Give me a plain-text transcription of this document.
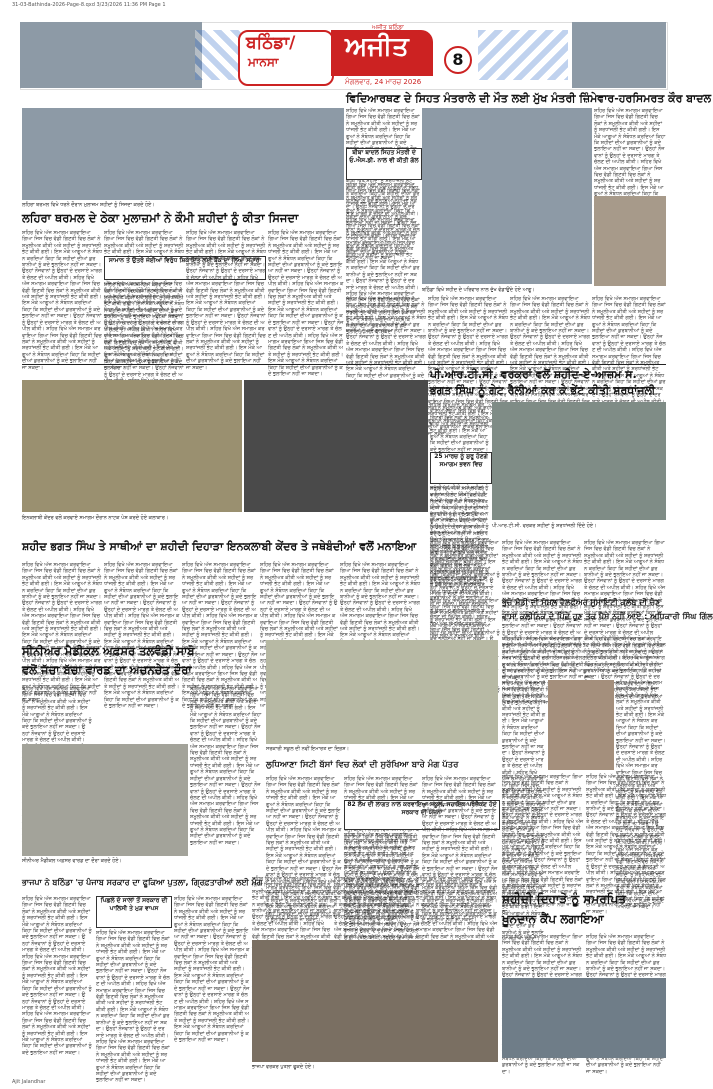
31-03-Bathinda-2026-Page-8.qxd 3/23/2026 11:36 PM Page 1
ਬਠਿੰਡਾ/
ਮਾਨਸਾ
ਅਜੀਤ ਬਠਿੰਡਾ
ਅਜੀਤ
ਮੰਗਲਵਾਰ, 24 ਮਾਰਚ 2026
8
ਵਿਦਿਆਰਥਣ ਦੇ ਸਿਹਤ ਮੰਤਰਾਲੇ ਦੀ ਮੌਤ ਲਈ ਮੁੱਖ ਮੰਤਰੀ ਜ਼ਿੰਮੇਵਾਰ-ਹਰਸਿਮਰਤ ਕੌਰ ਬਾਦਲ
ਲਹਿਰਾ ਥਰਮਲ ਵਿਖੇ ਧਰਨੇ ਦੌਰਾਨ ਮੁਲਾਜ਼ਮ ਸ਼ਹੀਦਾਂ ਨੂੰ ਸਿਜਦਾ ਕਰਦੇ ਹੋਏ।
ਲਹਿਰਾ ਥਰਮਲ ਦੇ ਠੇਕਾ ਮੁਲਾਜ਼ਮਾਂ ਨੇ ਕੌਮੀ ਸ਼ਹੀਦਾਂ ਨੂੰ ਕੀਤਾ ਸਿਜਦਾ
ਸ਼ਹਿਰ ਵਿਖੇ ਅੱਜ ਸਮਾਗਮ ਕਰਵਾਇਆ ਗਿਆ ਜਿਸ ਵਿਚ ਵੱਡੀ ਗਿਣਤੀ ਵਿਚ ਲੋਕਾਂ ਨੇ ਸ਼ਮੂਲੀਅਤ ਕੀਤੀ ਅਤੇ ਸ਼ਹੀਦਾਂ ਨੂੰ ਸ਼ਰਧਾਂਜਲੀ ਭੇਟ ਕੀਤੀ ਗਈ। ਇਸ ਮੌਕੇ ਆਗੂਆਂ ਨੇ ਸੰਬੋਧਨ ਕਰਦਿਆਂ ਕਿਹਾ ਕਿ ਸ਼ਹੀਦਾਂ ਦੀਆਂ ਕੁਰਬਾਨੀਆਂ ਨੂੰ ਕਦੇ ਭੁਲਾਇਆ ਨਹੀਂ ਜਾ ਸਕਦਾ। ਉਨ੍ਹਾਂ ਨੌਜਵਾਨਾਂ ਨੂੰ ਉਨ੍ਹਾਂ ਦੇ ਦਰਸਾਏ ਮਾਰਗ ਤੇ ਚੱਲਣ ਦੀ ਅਪੀਲ ਕੀਤੀ। ਸ਼ਹਿਰ ਵਿਖੇ ਅੱਜ ਸਮਾਗਮ ਕਰਵਾਇਆ ਗਿਆ ਜਿਸ ਵਿਚ ਵੱਡੀ ਗਿਣਤੀ ਵਿਚ ਲੋਕਾਂ ਨੇ ਸ਼ਮੂਲੀਅਤ ਕੀਤੀ ਅਤੇ ਸ਼ਹੀਦਾਂ ਨੂੰ ਸ਼ਰਧਾਂਜਲੀ ਭੇਟ ਕੀਤੀ ਗਈ। ਇਸ ਮੌਕੇ ਆਗੂਆਂ ਨੇ ਸੰਬੋਧਨ ਕਰਦਿਆਂ ਕਿਹਾ ਕਿ ਸ਼ਹੀਦਾਂ ਦੀਆਂ ਕੁਰਬਾਨੀਆਂ ਨੂੰ ਕਦੇ ਭੁਲਾਇਆ ਨਹੀਂ ਜਾ ਸਕਦਾ। ਉਨ੍ਹਾਂ ਨੌਜਵਾਨਾਂ ਨੂੰ ਉਨ੍ਹਾਂ ਦੇ ਦਰਸਾਏ ਮਾਰਗ ਤੇ ਚੱਲਣ ਦੀ ਅਪੀਲ ਕੀਤੀ। ਸ਼ਹਿਰ ਵਿਖੇ ਅੱਜ ਸਮਾਗਮ ਕਰਵਾਇਆ ਗਿਆ ਜਿਸ ਵਿਚ ਵੱਡੀ ਗਿਣਤੀ ਵਿਚ ਲੋਕਾਂ ਨੇ ਸ਼ਮੂਲੀਅਤ ਕੀਤੀ ਅਤੇ ਸ਼ਹੀਦਾਂ ਨੂੰ ਸ਼ਰਧਾਂਜਲੀ ਭੇਟ ਕੀਤੀ ਗਈ। ਇਸ ਮੌਕੇ ਆਗੂਆਂ ਨੇ ਸੰਬੋਧਨ ਕਰਦਿਆਂ ਕਿਹਾ ਕਿ ਸ਼ਹੀਦਾਂ ਦੀਆਂ ਕੁਰਬਾਨੀਆਂ ਨੂੰ ਕਦੇ ਭੁਲਾਇਆ ਨਹੀਂ ਜਾ ਸਕਦਾ।
ਸ਼ਹਿਰ ਵਿਖੇ ਅੱਜ ਸਮਾਗਮ ਕਰਵਾਇਆ ਗਿਆ ਜਿਸ ਵਿਚ ਵੱਡੀ ਗਿਣਤੀ ਵਿਚ ਲੋਕਾਂ ਨੇ ਸ਼ਮੂਲੀਅਤ ਕੀਤੀ ਅਤੇ ਸ਼ਹੀਦਾਂ ਨੂੰ ਸ਼ਰਧਾਂਜਲੀ ਭੇਟ ਕੀਤੀ ਗਈ। ਇਸ ਮੌਕੇ ਆਗੂਆਂ ਨੇ ਸੰਬੋਧਨ ਕਰਦਿਆਂ ਕਿਹਾ ਕਿ ਸ਼ਹੀਦਾਂ ਦੀਆਂ ਕੁਰਬਾਨੀਆਂ ਨੂੰ ਕਦੇ ਭੁਲਾਇਆ ਨਹੀਂ ਜਾ ਸਕਦਾ। ਉਨ੍ਹਾਂ ਨੌਜਵਾਨਾਂ ਨੂੰ ਉਨ੍ਹਾਂ ਦੇ ਦਰਸਾਏ ਮਾਰਗ ਤੇ ਚੱਲਣ ਦੀ ਅਪੀਲ ਕੀਤੀ। ਸ਼ਹਿਰ ਵਿਖੇ ਅੱਜ ਸਮਾਗਮ ਕਰਵਾਇਆ ਗਿਆ ਜਿਸ ਵਿਚ ਵੱਡੀ ਗਿਣਤੀ ਵਿਚ ਲੋਕਾਂ ਨੇ ਸ਼ਮੂਲੀਅਤ ਕੀਤੀ ਅਤੇ ਸ਼ਹੀਦਾਂ ਨੂੰ ਸ਼ਰਧਾਂਜਲੀ ਭੇਟ ਕੀਤੀ ਗਈ। ਇਸ ਮੌਕੇ ਆਗੂਆਂ ਨੇ ਸੰਬੋਧਨ ਕਰਦਿਆਂ ਕਿਹਾ ਕਿ ਸ਼ਹੀਦਾਂ ਦੀਆਂ ਕੁਰਬਾਨੀਆਂ ਨੂੰ ਕਦੇ ਭੁਲਾਇਆ ਨਹੀਂ ਜਾ ਸਕਦਾ। ਉਨ੍ਹਾਂ ਨੌਜਵਾਨਾਂ ਨੂੰ ਉਨ੍ਹਾਂ ਦੇ ਦਰਸਾਏ ਮਾਰਗ ਤੇ ਚੱਲਣ ਦੀ ਅਪੀਲ ਕੀਤੀ। ਸ਼ਹਿਰ ਵਿਖੇ ਅੱਜ ਸਮਾਗਮ ਕਰਵਾਇਆ ਗਿਆ ਜਿਸ ਵਿਚ ਵੱਡੀ ਗਿਣਤੀ ਵਿਚ ਲੋਕਾਂ ਨੇ ਸ਼ਮੂਲੀਅਤ ਕੀਤੀ ਅਤੇ ਸ਼ਹੀਦਾਂ ਨੂੰ ਸ਼ਰਧਾਂਜਲੀ ਭੇਟ ਕੀਤੀ ਗਈ। ਇਸ ਮੌਕੇ ਆਗੂਆਂ ਨੇ ਸੰਬੋਧਨ ਕਰਦਿਆਂ ਕਿਹਾ ਕਿ ਸ਼ਹੀਦਾਂ ਦੀਆਂ ਕੁਰਬਾਨੀਆਂ ਨੂੰ ਕਦੇ ਭੁਲਾਇਆ ਨਹੀਂ ਜਾ ਸਕਦਾ।
ਸਾਮਾਨ ਤੇ ਉਤਰੋ ਜੇਈਆਂ ਵਿਰੁੱਧ ਸ਼ਿਕਾਇਤ ਲਈ ਬੈਂਕ ਦਾ ਲਿਆ ਸਹਾਰਾ
ਸ਼ਹਿਰ ਵਿਖੇ ਅੱਜ ਸਮਾਗਮ ਕਰਵਾਇਆ ਗਿਆ ਜਿਸ ਵਿਚ ਵੱਡੀ ਗਿਣਤੀ ਵਿਚ ਲੋਕਾਂ ਨੇ ਸ਼ਮੂਲੀਅਤ ਕੀਤੀ ਅਤੇ ਸ਼ਹੀਦਾਂ ਨੂੰ ਸ਼ਰਧਾਂਜਲੀ ਭੇਟ ਕੀਤੀ ਗਈ। ਇਸ ਮੌਕੇ ਆਗੂਆਂ ਨੇ ਸੰਬੋਧਨ ਕਰਦਿਆਂ ਕਿਹਾ ਕਿ ਸ਼ਹੀਦਾਂ ਦੀਆਂ ਕੁਰਬਾਨੀਆਂ ਨੂੰ ਕਦੇ ਭੁਲਾਇਆ ਨਹੀਂ ਜਾ ਸਕਦਾ। ਉਨ੍ਹਾਂ ਨੌਜਵਾਨਾਂ ਨੂੰ ਉਨ੍ਹਾਂ ਦੇ ਦਰਸਾਏ ਮਾਰਗ ਤੇ ਚੱਲਣ ਦੀ ਅਪੀਲ ਕੀਤੀ। ਸ਼ਹਿਰ ਵਿਖੇ ਅੱਜ ਸਮਾਗਮ ਕਰਵਾਇਆ ਗਿਆ ਜਿਸ ਵਿਚ ਵੱਡੀ ਗਿਣਤੀ ਵਿਚ ਲੋਕਾਂ ਨੇ ਸ਼ਮੂਲੀਅਤ ਕੀਤੀ ਅਤੇ ਸ਼ਹੀਦਾਂ ਨੂੰ ਸ਼ਰਧਾਂਜਲੀ ਭੇਟ ਕੀਤੀ ਗਈ। ਇਸ ਮੌਕੇ ਆਗੂਆਂ ਨੇ ਸੰਬੋਧਨ ਕਰਦਿਆਂ ਕਿਹਾ ਕਿ ਸ਼ਹੀਦਾਂ ਦੀਆਂ ਕੁਰਬਾਨੀਆਂ ਨੂੰ ਕਦੇ ਭੁਲਾਇਆ ਨਹੀਂ ਜਾ ਸਕਦਾ। ਉਨ੍ਹਾਂ ਨੌਜਵਾਨਾਂ ਨੂੰ ਉਨ੍ਹਾਂ ਦੇ ਦਰਸਾਏ ਮਾਰਗ ਤੇ ਚੱਲਣ ਦੀ ਅਪੀਲ ਕੀਤੀ। ਸ਼ਹਿਰ ਵਿਖੇ ਅੱਜ ਸਮਾਗਮ ਕਰਵਾਇਆ ਗਿਆ ਜਿਸ ਵਿਚ ਵੱਡੀ ਗਿਣਤੀ ਵਿਚ ਲੋਕਾਂ ਨੇ ਸ਼ਮੂਲੀਅਤ ਕੀਤੀ ਅਤੇ ਸ਼ਹੀਦਾਂ ਨੂੰ ਸ਼ਰਧਾਂਜਲੀ ਭੇਟ ਕੀਤੀ ਗਈ। ਇਸ ਮੌਕੇ ਆਗੂਆਂ ਨੇ ਸੰਬੋਧਨ ਕਰਦਿਆਂ ਕਿਹਾ ਕਿ ਸ਼ਹੀਦਾਂ ਦੀਆਂ ਕੁਰਬਾਨੀਆਂ ਨੂੰ ਕਦੇ ਭੁਲਾਇਆ ਨਹੀਂ ਜਾ ਸਕਦਾ।
ਸ਼ਹਿਰ ਵਿਖੇ ਅੱਜ ਸਮਾਗਮ ਕਰਵਾਇਆ ਗਿਆ ਜਿਸ ਵਿਚ ਵੱਡੀ ਗਿਣਤੀ ਵਿਚ ਲੋਕਾਂ ਨੇ ਸ਼ਮੂਲੀਅਤ ਕੀਤੀ ਅਤੇ ਸ਼ਹੀਦਾਂ ਨੂੰ ਸ਼ਰਧਾਂਜਲੀ ਭੇਟ ਕੀਤੀ ਗਈ। ਇਸ ਮੌਕੇ ਆਗੂਆਂ ਨੇ ਸੰਬੋਧਨ ਕਰਦਿਆਂ ਕਿਹਾ ਕਿ ਸ਼ਹੀਦਾਂ ਦੀਆਂ ਕੁਰਬਾਨੀਆਂ ਨੂੰ ਕਦੇ ਭੁਲਾਇਆ ਨਹੀਂ ਜਾ ਸਕਦਾ। ਉਨ੍ਹਾਂ ਨੌਜਵਾਨਾਂ ਨੂੰ ਉਨ੍ਹਾਂ ਦੇ ਦਰਸਾਏ ਮਾਰਗ ਤੇ ਚੱਲਣ ਦੀ ਅਪੀਲ ਕੀਤੀ। ਸ਼ਹਿਰ ਵਿਖੇ ਅੱਜ ਸਮਾਗਮ ਕਰਵਾਇਆ ਗਿਆ ਜਿਸ ਵਿਚ ਵੱਡੀ ਗਿਣਤੀ ਵਿਚ ਲੋਕਾਂ ਨੇ ਸ਼ਮੂਲੀਅਤ ਕੀਤੀ ਅਤੇ ਸ਼ਹੀਦਾਂ ਨੂੰ ਸ਼ਰਧਾਂਜਲੀ ਭੇਟ ਕੀਤੀ ਗਈ। ਇਸ ਮੌਕੇ ਆਗੂਆਂ ਨੇ ਸੰਬੋਧਨ ਕਰਦਿਆਂ ਕਿਹਾ ਕਿ ਸ਼ਹੀਦਾਂ ਦੀਆਂ ਕੁਰਬਾਨੀਆਂ ਨੂੰ ਕਦੇ ਭੁਲਾਇਆ ਨਹੀਂ ਜਾ ਸਕਦਾ। ਉਨ੍ਹਾਂ ਨੌਜਵਾਨਾਂ ਨੂੰ ਉਨ੍ਹਾਂ ਦੇ ਦਰਸਾਏ ਮਾਰਗ ਤੇ ਚੱਲਣ ਦੀ ਅਪੀਲ ਕੀਤੀ। ਸ਼ਹਿਰ ਵਿਖੇ ਅੱਜ ਸਮਾਗਮ ਕਰਵਾਇਆ ਗਿਆ ਜਿਸ ਵਿਚ ਵੱਡੀ ਗਿਣਤੀ ਵਿਚ ਲੋਕਾਂ ਨੇ ਸ਼ਮੂਲੀਅਤ ਕੀਤੀ ਅਤੇ ਸ਼ਹੀਦਾਂ ਨੂੰ ਸ਼ਰਧਾਂਜਲੀ ਭੇਟ ਕੀਤੀ ਗਈ। ਇਸ ਮੌਕੇ ਆਗੂਆਂ ਨੇ ਸੰਬੋਧਨ ਕਰਦਿਆਂ ਕਿਹਾ ਕਿ ਸ਼ਹੀਦਾਂ ਦੀਆਂ ਕੁਰਬਾਨੀਆਂ ਨੂੰ ਕਦੇ ਭੁਲਾਇਆ ਨਹੀਂ ਜਾ ਸਕਦਾ।
ਸ਼ਹਿਰ ਵਿਖੇ ਅੱਜ ਸਮਾਗਮ ਕਰਵਾਇਆ ਗਿਆ ਜਿਸ ਵਿਚ ਵੱਡੀ ਗਿਣਤੀ ਵਿਚ ਲੋਕਾਂ ਨੇ ਸ਼ਮੂਲੀਅਤ ਕੀਤੀ ਅਤੇ ਸ਼ਹੀਦਾਂ ਨੂੰ ਸ਼ਰਧਾਂਜਲੀ ਭੇਟ ਕੀਤੀ ਗਈ। ਇਸ ਮੌਕੇ ਆਗੂਆਂ ਨੇ ਸੰਬੋਧਨ ਕਰਦਿਆਂ ਕਿਹਾ ਕਿ ਸ਼ਹੀਦਾਂ ਦੀਆਂ ਕੁਰਬਾਨੀਆਂ ਨੂੰ ਕਦੇ ਭੁਲਾਇਆ ਨਹੀਂ ਜਾ ਸਕਦਾ। ਉਨ੍ਹਾਂ ਨੌਜਵਾਨਾਂ ਨੂੰ ਉਨ੍ਹਾਂ ਦੇ ਦਰਸਾਏ ਮਾਰਗ ਤੇ ਚੱਲਣ ਦੀ ਅਪੀਲ ਕੀਤੀ। ਸ਼ਹਿਰ ਵਿਖੇ ਅੱਜ ਸਮਾਗਮ ਕਰਵਾਇਆ ਗਿਆ ਜਿਸ ਵਿਚ ਵੱਡੀ ਗਿਣਤੀ ਵਿਚ ਲੋਕਾਂ ਨੇ ਸ਼ਮੂਲੀਅਤ ਕੀਤੀ ਅਤੇ ਸ਼ਹੀਦਾਂ ਨੂੰ ਸ਼ਰਧਾਂਜਲੀ ਭੇਟ ਕੀਤੀ ਗਈ। ਇਸ ਮੌਕੇ ਆਗੂਆਂ ਨੇ ਸੰਬੋਧਨ ਕਰਦਿਆਂ ਕਿਹਾ ਕਿ ਸ਼ਹੀਦਾਂ ਦੀਆਂ ਕੁਰਬਾਨੀਆਂ ਨੂੰ ਕਦੇ ਭੁਲਾਇਆ ਨਹੀਂ ਜਾ ਸਕਦਾ। ਉਨ੍ਹਾਂ ਨੌਜਵਾਨਾਂ ਨੂੰ ਉਨ੍ਹਾਂ ਦੇ ਦਰਸਾਏ ਮਾਰਗ ਤੇ ਚੱਲਣ ਦੀ ਅਪੀਲ ਕੀਤੀ। ਸ਼ਹਿਰ ਵਿਖੇ ਅੱਜ ਸਮਾਗਮ ਕਰਵਾਇਆ ਗਿਆ ਜਿਸ ਵਿਚ ਵੱਡੀ ਗਿਣਤੀ ਵਿਚ ਲੋਕਾਂ ਨੇ ਸ਼ਮੂਲੀਅਤ ਕੀਤੀ ਅਤੇ ਸ਼ਹੀਦਾਂ ਨੂੰ ਸ਼ਰਧਾਂਜਲੀ ਭੇਟ ਕੀਤੀ ਗਈ। ਇਸ ਮੌਕੇ ਆਗੂਆਂ ਨੇ ਸੰਬੋਧਨ ਕਰਦਿਆਂ ਕਿਹਾ ਕਿ ਸ਼ਹੀਦਾਂ ਦੀਆਂ ਕੁਰਬਾਨੀਆਂ ਨੂੰ ਕਦੇ ਭੁਲਾਇਆ ਨਹੀਂ ਜਾ ਸਕਦਾ।
ਸ਼ਹਿਰ ਵਿਖੇ ਅੱਜ ਸਮਾਗਮ ਕਰਵਾਇਆ ਗਿਆ ਜਿਸ ਵਿਚ ਵੱਡੀ ਗਿਣਤੀ ਵਿਚ ਲੋਕਾਂ ਨੇ ਸ਼ਮੂਲੀਅਤ ਕੀਤੀ ਅਤੇ ਸ਼ਹੀਦਾਂ ਨੂੰ ਸ਼ਰਧਾਂਜਲੀ ਭੇਟ ਕੀਤੀ ਗਈ। ਇਸ ਮੌਕੇ ਆਗੂਆਂ ਨੇ ਸੰਬੋਧਨ ਕਰਦਿਆਂ ਕਿਹਾ ਕਿ ਸ਼ਹੀਦਾਂ ਦੀਆਂ ਕੁਰਬਾਨੀਆਂ ਨੂੰ ਕਦੇ ਭੁਲਾਇਆ ਨਹੀਂ ਜਾ ਸਕਦਾ। ਉਨ੍ਹਾਂ ਨੌਜਵਾਨਾਂ ਨੂੰ ਉਨ੍ਹਾਂ ਦੇ ਦਰਸਾਏ ਮਾਰਗ ਤੇ ਚੱਲਣ ਦੀ ਅਪੀਲ ਕੀਤੀ। ਸ਼ਹਿਰ ਵਿਖੇ ਅੱਜ ਸਮਾਗਮ ਕਰਵਾਇਆ ਗਿਆ ਜਿਸ ਵਿਚ ਵੱਡੀ ਗਿਣਤੀ ਵਿਚ ਲੋਕਾਂ ਨੇ ਸ਼ਮੂਲੀਅਤ ਕੀਤੀ ਅਤੇ ਸ਼ਹੀਦਾਂ ਨੂੰ ਸ਼ਰਧਾਂਜਲੀ ਭੇਟ ਕੀਤੀ ਗਈ। ਇਸ ਮੌਕੇ ਆਗੂਆਂ ਨੇ ਸੰਬੋਧਨ ਕਰਦਿਆਂ ਕਿਹਾ ਕਿ ਸ਼ਹੀਦਾਂ ਦੀਆਂ ਕੁਰਬਾਨੀਆਂ ਨੂੰ ਕਦੇ ਭੁਲਾਇਆ ਨਹੀਂ ਜਾ ਸਕਦਾ। ਉਨ੍ਹਾਂ ਨੌਜਵਾਨਾਂ ਨੂੰ ਉਨ੍ਹਾਂ ਦੇ ਦਰਸਾਏ ਮਾਰਗ ਤੇ ਚੱਲਣ ਦੀ ਅਪੀਲ ਕੀਤੀ। ਸ਼ਹਿਰ ਵਿਖੇ ਅੱਜ ਸਮਾਗਮ ਕਰਵਾਇਆ ਗਿਆ ਜਿਸ ਵਿਚ ਵੱਡੀ ਗਿਣਤੀ ਵਿਚ ਲੋਕਾਂ ਨੇ ਸ਼ਮੂਲੀਅਤ ਕੀਤੀ ਅਤੇ ਸ਼ਹੀਦਾਂ ਨੂੰ ਸ਼ਰਧਾਂਜਲੀ ਭੇਟ ਕੀਤੀ ਗਈ। ਇਸ ਮੌਕੇ ਆਗੂਆਂ ਨੇ ਸੰਬੋਧਨ ਕਰਦਿਆਂ ਕਿਹਾ ਕਿ ਸ਼ਹੀਦਾਂ ਦੀਆਂ ਕੁਰਬਾਨੀਆਂ ਨੂੰ ਕਦੇ ਭੁਲਾਇਆ ਨਹੀਂ ਜਾ ਸਕਦਾ।
ਬੀਬਾ ਬਾਦਲ ਸਿਹਤ ਮੰਤਰੀ ਦੇ ਓ.ਐਸ.ਡੀ. ਨਾਲ ਵੀ ਕੀਤੀ ਗੱਲ
ਸ਼ਹਿਰ ਵਿਖੇ ਅੱਜ ਸਮਾਗਮ ਕਰਵਾਇਆ ਗਿਆ ਜਿਸ ਵਿਚ ਵੱਡੀ ਗਿਣਤੀ ਵਿਚ ਲੋਕਾਂ ਨੇ ਸ਼ਮੂਲੀਅਤ ਕੀਤੀ ਅਤੇ ਸ਼ਹੀਦਾਂ ਨੂੰ ਸ਼ਰਧਾਂਜਲੀ ਭੇਟ ਕੀਤੀ ਗਈ। ਇਸ ਮੌਕੇ ਆਗੂਆਂ ਨੇ ਸੰਬੋਧਨ ਕਰਦਿਆਂ ਕਿਹਾ ਕਿ ਸ਼ਹੀਦਾਂ ਦੀਆਂ ਕੁਰਬਾਨੀਆਂ ਨੂੰ ਕਦੇ ਭੁਲਾਇਆ ਨਹੀਂ ਜਾ ਸਕਦਾ। ਉਨ੍ਹਾਂ ਨੌਜਵਾਨਾਂ ਨੂੰ ਉਨ੍ਹਾਂ ਦੇ ਦਰਸਾਏ ਮਾਰਗ ਤੇ ਚੱਲਣ ਦੀ ਅਪੀਲ ਕੀਤੀ। ਸ਼ਹਿਰ ਵਿਖੇ ਅੱਜ ਸਮਾਗਮ ਕਰਵਾਇਆ ਗਿਆ ਜਿਸ ਵਿਚ ਵੱਡੀ ਗਿਣਤੀ ਵਿਚ ਲੋਕਾਂ ਨੇ ਸ਼ਮੂਲੀਅਤ ਕੀਤੀ ਅਤੇ ਸ਼ਹੀਦਾਂ ਨੂੰ ਸ਼ਰਧਾਂਜਲੀ ਭੇਟ ਕੀਤੀ ਗਈ। ਇਸ ਮੌਕੇ ਆਗੂਆਂ ਨੇ ਸੰਬੋਧਨ ਕਰਦਿਆਂ ਕਿਹਾ ਕਿ ਸ਼ਹੀਦਾਂ ਦੀਆਂ ਕੁਰਬਾਨੀਆਂ ਨੂੰ ਕਦੇ ਭੁਲਾਇਆ ਨਹੀਂ ਜਾ ਸਕਦਾ। ਉਨ੍ਹਾਂ ਨੌਜਵਾਨਾਂ ਨੂੰ ਉਨ੍ਹਾਂ ਦੇ ਦਰਸਾਏ ਮਾਰਗ ਤੇ ਚੱਲਣ ਦੀ ਅਪੀਲ ਕੀਤੀ। ਸ਼ਹਿਰ ਵਿਖੇ ਅੱਜ ਸਮਾਗਮ ਕਰਵਾਇਆ ਗਿਆ ਜਿਸ ਵਿਚ ਵੱਡੀ ਗਿਣਤੀ ਵਿਚ ਲੋਕਾਂ ਨੇ ਸ਼ਮੂਲੀਅਤ ਕੀਤੀ ਅਤੇ ਸ਼ਹੀਦਾਂ ਨੂੰ ਸ਼ਰਧਾਂਜਲੀ ਭੇਟ ਕੀਤੀ ਗਈ। ਇਸ ਮੌਕੇ ਆਗੂਆਂ ਨੇ ਸੰਬੋਧਨ ਕਰਦਿਆਂ ਕਿਹਾ ਕਿ ਸ਼ਹੀਦਾਂ ਦੀਆਂ ਕੁਰਬਾਨੀਆਂ ਨੂੰ ਕਦੇ ਭੁਲਾਇਆ ਨਹੀਂ ਜਾ ਸਕਦਾ।
ਬਠਿੰਡਾ ਵਿਖੇ ਸ਼ਹੀਦ ਦੇ ਪਰਿਵਾਰ ਨਾਲ ਦੁੱਖ ਵੰਡਾਉਂਦੇ ਹੋਏ ਆਗੂ।
ਸ਼ਹਿਰ ਵਿਖੇ ਅੱਜ ਸਮਾਗਮ ਕਰਵਾਇਆ ਗਿਆ ਜਿਸ ਵਿਚ ਵੱਡੀ ਗਿਣਤੀ ਵਿਚ ਲੋਕਾਂ ਨੇ ਸ਼ਮੂਲੀਅਤ ਕੀਤੀ ਅਤੇ ਸ਼ਹੀਦਾਂ ਨੂੰ ਸ਼ਰਧਾਂਜਲੀ ਭੇਟ ਕੀਤੀ ਗਈ। ਇਸ ਮੌਕੇ ਆਗੂਆਂ ਨੇ ਸੰਬੋਧਨ ਕਰਦਿਆਂ ਕਿਹਾ ਕਿ ਸ਼ਹੀਦਾਂ ਦੀਆਂ ਕੁਰਬਾਨੀਆਂ ਨੂੰ ਕਦੇ ਭੁਲਾਇਆ ਨਹੀਂ ਜਾ ਸਕਦਾ। ਉਨ੍ਹਾਂ ਨੌਜਵਾਨਾਂ ਨੂੰ ਉਨ੍ਹਾਂ ਦੇ ਦਰਸਾਏ ਮਾਰਗ ਤੇ ਚੱਲਣ ਦੀ ਅਪੀਲ ਕੀਤੀ। ਸ਼ਹਿਰ ਵਿਖੇ ਅੱਜ ਸਮਾਗਮ ਕਰਵਾਇਆ ਗਿਆ ਜਿਸ ਵਿਚ ਵੱਡੀ ਗਿਣਤੀ ਵਿਚ ਲੋਕਾਂ ਨੇ ਸ਼ਮੂਲੀਅਤ ਕੀਤੀ ਅਤੇ ਸ਼ਹੀਦਾਂ ਨੂੰ ਸ਼ਰਧਾਂਜਲੀ ਭੇਟ ਕੀਤੀ ਗਈ। ਇਸ ਮੌਕੇ ਆਗੂਆਂ ਨੇ ਸੰਬੋਧਨ ਕਰਦਿਆਂ ਕਿਹਾ ਕਿ ਸ਼ਹੀਦਾਂ ਦੀਆਂ ਕੁਰਬਾਨੀਆਂ ਨੂੰ ਕਦੇ ਭੁਲਾਇਆ ਨਹੀਂ ਜਾ ਸਕਦਾ। ਉਨ੍ਹਾਂ ਨੌਜਵਾਨਾਂ ਨੂੰ ਉਨ੍ਹਾਂ ਦੇ ਦਰਸਾਏ ਮਾਰਗ ਤੇ ਚੱਲਣ ਦੀ ਅਪੀਲ ਕੀਤੀ। ਸ਼ਹਿਰ ਵਿਖੇ ਅੱਜ ਸਮਾਗਮ ਕਰਵਾਇਆ ਗਿਆ ਜਿਸ ਵਿਚ ਵੱਡੀ ਗਿਣਤੀ ਵਿਚ ਲੋਕਾਂ ਨੇ ਸ਼ਮੂਲੀਅਤ ਕੀਤੀ ਅਤੇ ਸ਼ਹੀਦਾਂ ਨੂੰ ਸ਼ਰਧਾਂਜਲੀ ਭੇਟ ਕੀਤੀ ਗਈ। ਇਸ ਮੌਕੇ ਆਗੂਆਂ ਨੇ ਸੰਬੋਧਨ ਕਰਦਿਆਂ ਕਿਹਾ ਕਿ ਸ਼ਹੀਦਾਂ ਦੀਆਂ ਕੁਰਬਾਨੀਆਂ ਨੂੰ ਕਦੇ ਭੁਲਾਇਆ ਨਹੀਂ ਜਾ ਸਕਦਾ।
ਸ਼ਹਿਰ ਵਿਖੇ ਅੱਜ ਸਮਾਗਮ ਕਰਵਾਇਆ ਗਿਆ ਜਿਸ ਵਿਚ ਵੱਡੀ ਗਿਣਤੀ ਵਿਚ ਲੋਕਾਂ ਨੇ ਸ਼ਮੂਲੀਅਤ ਕੀਤੀ ਅਤੇ ਸ਼ਹੀਦਾਂ ਨੂੰ ਸ਼ਰਧਾਂਜਲੀ ਭੇਟ ਕੀਤੀ ਗਈ। ਇਸ ਮੌਕੇ ਆਗੂਆਂ ਨੇ ਸੰਬੋਧਨ ਕਰਦਿਆਂ ਕਿਹਾ ਕਿ ਸ਼ਹੀਦਾਂ ਦੀਆਂ ਕੁਰਬਾਨੀਆਂ ਨੂੰ ਕਦੇ ਭੁਲਾਇਆ ਨਹੀਂ ਜਾ ਸਕਦਾ। ਉਨ੍ਹਾਂ ਨੌਜਵਾਨਾਂ ਨੂੰ ਉਨ੍ਹਾਂ ਦੇ ਦਰਸਾਏ ਮਾਰਗ ਤੇ ਚੱਲਣ ਦੀ ਅਪੀਲ ਕੀਤੀ। ਸ਼ਹਿਰ ਵਿਖੇ ਅੱਜ ਸਮਾਗਮ ਕਰਵਾਇਆ ਗਿਆ ਜਿਸ ਵਿਚ ਵੱਡੀ ਗਿਣਤੀ ਵਿਚ ਲੋਕਾਂ ਨੇ ਸ਼ਮੂਲੀਅਤ ਕੀਤੀ ਅਤੇ ਸ਼ਹੀਦਾਂ ਨੂੰ ਸ਼ਰਧਾਂਜਲੀ ਭੇਟ ਕੀਤੀ ਗਈ। ਇਸ ਮੌਕੇ ਆਗੂਆਂ ਨੇ ਸੰਬੋਧਨ ਕਰਦਿਆਂ ਕਿਹਾ ਕਿ ਸ਼ਹੀਦਾਂ ਦੀਆਂ ਕੁਰਬਾਨੀਆਂ ਨੂੰ ਕਦੇ ਭੁਲਾਇਆ ਨਹੀਂ ਜਾ ਸਕਦਾ। ਉਨ੍ਹਾਂ ਨੌਜਵਾਨਾਂ ਨੂੰ ਉਨ੍ਹਾਂ ਦੇ ਦਰਸਾਏ ਮਾਰਗ ਤੇ ਚੱਲਣ ਦੀ ਅਪੀਲ ਕੀਤੀ। ਸ਼ਹਿਰ ਵਿਖੇ ਅੱਜ ਸਮਾਗਮ ਕਰਵਾਇਆ ਗਿਆ ਜਿਸ ਵਿਚ ਵੱਡੀ ਗਿਣਤੀ ਵਿਚ ਲੋਕਾਂ ਨੇ ਸ਼ਮੂਲੀਅਤ ਕੀਤੀ ਅਤੇ ਸ਼ਹੀਦਾਂ ਨੂੰ ਸ਼ਰਧਾਂਜਲੀ ਭੇਟ ਕੀਤੀ ਗਈ। ਇਸ ਮੌਕੇ ਆਗੂਆਂ ਨੇ ਸੰਬੋਧਨ ਕਰਦਿਆਂ ਕਿਹਾ ਕਿ ਸ਼ਹੀਦਾਂ ਦੀਆਂ ਕੁਰਬਾਨੀਆਂ ਨੂੰ ਕਦੇ ਭੁਲਾਇਆ ਨਹੀਂ ਜਾ ਸਕਦਾ।
ਸ਼ਹਿਰ ਵਿਖੇ ਅੱਜ ਸਮਾਗਮ ਕਰਵਾਇਆ ਗਿਆ ਜਿਸ ਵਿਚ ਵੱਡੀ ਗਿਣਤੀ ਵਿਚ ਲੋਕਾਂ ਨੇ ਸ਼ਮੂਲੀਅਤ ਕੀਤੀ ਅਤੇ ਸ਼ਹੀਦਾਂ ਨੂੰ ਸ਼ਰਧਾਂਜਲੀ ਭੇਟ ਕੀਤੀ ਗਈ। ਇਸ ਮੌਕੇ ਆਗੂਆਂ ਨੇ ਸੰਬੋਧਨ ਕਰਦਿਆਂ ਕਿਹਾ ਕਿ ਸ਼ਹੀਦਾਂ ਦੀਆਂ ਕੁਰਬਾਨੀਆਂ ਨੂੰ ਕਦੇ ਭੁਲਾਇਆ ਨਹੀਂ ਜਾ ਸਕਦਾ। ਉਨ੍ਹਾਂ ਨੌਜਵਾਨਾਂ ਨੂੰ ਉਨ੍ਹਾਂ ਦੇ ਦਰਸਾਏ ਮਾਰਗ ਤੇ ਚੱਲਣ ਦੀ ਅਪੀਲ ਕੀਤੀ। ਸ਼ਹਿਰ ਵਿਖੇ ਅੱਜ ਸਮਾਗਮ ਕਰਵਾਇਆ ਗਿਆ ਜਿਸ ਵਿਚ ਵੱਡੀ ਗਿਣਤੀ ਵਿਚ ਲੋਕਾਂ ਨੇ ਸ਼ਮੂਲੀਅਤ ਕੀਤੀ ਅਤੇ ਸ਼ਹੀਦਾਂ ਨੂੰ ਸ਼ਰਧਾਂਜਲੀ ਭੇਟ ਕੀਤੀ ਗਈ। ਇਸ ਮੌਕੇ ਆਗੂਆਂ ਨੇ ਸੰਬੋਧਨ ਕਰਦਿਆਂ ਕਿਹਾ ਕਿ ਸ਼ਹੀਦਾਂ ਦੀਆਂ ਕੁਰਬਾਨੀਆਂ ਨੂੰ ਕਦੇ ਭੁਲਾਇਆ ਨਹੀਂ ਜਾ ਸਕਦਾ। ਉਨ੍ਹਾਂ ਨੌਜਵਾਨਾਂ ਨੂੰ ਉਨ੍ਹਾਂ ਦੇ ਦਰਸਾਏ ਮਾਰਗ ਤੇ ਚੱਲਣ ਦੀ ਅਪੀਲ ਕੀਤੀ। ਸ਼ਹਿਰ ਵਿਖੇ ਅੱਜ ਸਮਾਗਮ ਕਰਵਾਇਆ ਗਿਆ ਜਿਸ ਵਿਚ ਵੱਡੀ ਗਿਣਤੀ ਵਿਚ ਲੋਕਾਂ ਨੇ ਸ਼ਮੂਲੀਅਤ ਕੀਤੀ ਅਤੇ ਸ਼ਹੀਦਾਂ ਨੂੰ ਸ਼ਰਧਾਂਜਲੀ ਭੇਟ ਕੀਤੀ ਗਈ। ਇਸ ਮੌਕੇ ਆਗੂਆਂ ਨੇ ਸੰਬੋਧਨ ਕਰਦਿਆਂ ਕਿਹਾ ਕਿ ਸ਼ਹੀਦਾਂ ਦੀਆਂ ਕੁਰਬਾਨੀਆਂ ਨੂੰ ਕਦੇ ਭੁਲਾਇਆ ਨਹੀਂ ਜਾ ਸਕਦਾ।
ਸ਼ਹਿਰ ਵਿਖੇ ਅੱਜ ਸਮਾਗਮ ਕਰਵਾਇਆ ਗਿਆ ਜਿਸ ਵਿਚ ਵੱਡੀ ਗਿਣਤੀ ਵਿਚ ਲੋਕਾਂ ਨੇ ਸ਼ਮੂਲੀਅਤ ਕੀਤੀ ਅਤੇ ਸ਼ਹੀਦਾਂ ਨੂੰ ਸ਼ਰਧਾਂਜਲੀ ਭੇਟ ਕੀਤੀ ਗਈ। ਇਸ ਮੌਕੇ ਆਗੂਆਂ ਨੇ ਸੰਬੋਧਨ ਕਰਦਿਆਂ ਕਿਹਾ ਕਿ ਸ਼ਹੀਦਾਂ ਦੀਆਂ ਕੁਰਬਾਨੀਆਂ ਨੂੰ ਕਦੇ ਭੁਲਾਇਆ ਨਹੀਂ ਜਾ ਸਕਦਾ। ਉਨ੍ਹਾਂ ਨੌਜਵਾਨਾਂ ਨੂੰ ਉਨ੍ਹਾਂ ਦੇ ਦਰਸਾਏ ਮਾਰਗ ਤੇ ਚੱਲਣ ਦੀ ਅਪੀਲ ਕੀਤੀ। ਸ਼ਹਿਰ ਵਿਖੇ ਅੱਜ ਸਮਾਗਮ ਕਰਵਾਇਆ ਗਿਆ ਜਿਸ ਵਿਚ ਵੱਡੀ ਗਿਣਤੀ ਵਿਚ ਲੋਕਾਂ ਨੇ ਸ਼ਮੂਲੀਅਤ ਕੀਤੀ ਅਤੇ ਸ਼ਹੀਦਾਂ ਨੂੰ ਸ਼ਰਧਾਂਜਲੀ ਭੇਟ ਕੀਤੀ ਗਈ। ਇਸ ਮੌਕੇ ਆਗੂਆਂ ਨੇ ਸੰਬੋਧਨ ਕਰਦਿਆਂ ਕਿਹਾ ਕਿ ਸ਼ਹੀਦਾਂ ਦੀਆਂ ਕੁਰਬਾਨੀਆਂ ਨੂੰ ਕਦੇ ਭੁਲਾਇਆ ਨਹੀਂ ਜਾ ਸਕਦਾ। ਉਨ੍ਹਾਂ ਨੌਜਵਾਨਾਂ ਨੂੰ ਉਨ੍ਹਾਂ ਦੇ ਦਰਸਾਏ ਮਾਰਗ ਤੇ ਚੱਲਣ ਦੀ ਅਪੀਲ ਕੀਤੀ। ਸ਼ਹਿਰ ਵਿਖੇ ਅੱਜ ਸਮਾਗਮ ਕਰਵਾਇਆ ਗਿਆ ਜਿਸ ਵਿਚ ਵੱਡੀ ਗਿਣਤੀ ਵਿਚ ਲੋਕਾਂ ਨੇ ਸ਼ਮੂਲੀਅਤ ਕੀਤੀ ਅਤੇ ਸ਼ਹੀਦਾਂ ਨੂੰ ਸ਼ਰਧਾਂਜਲੀ ਭੇਟ ਕੀਤੀ ਗਈ। ਇਸ ਮੌਕੇ ਆਗੂਆਂ ਨੇ ਸੰਬੋਧਨ ਕਰਦਿਆਂ ਕਿਹਾ ਕਿ ਸ਼ਹੀਦਾਂ ਦੀਆਂ ਕੁਰਬਾਨੀਆਂ ਨੂੰ ਕਦੇ ਭੁਲਾਇਆ ਨਹੀਂ ਜਾ ਸਕਦਾ।
ਸ਼ਹਿਰ ਵਿਖੇ ਅੱਜ ਸਮਾਗਮ ਕਰਵਾਇਆ ਗਿਆ ਜਿਸ ਵਿਚ ਵੱਡੀ ਗਿਣਤੀ ਵਿਚ ਲੋਕਾਂ ਨੇ ਸ਼ਮੂਲੀਅਤ ਕੀਤੀ ਅਤੇ ਸ਼ਹੀਦਾਂ ਨੂੰ ਸ਼ਰਧਾਂਜਲੀ ਭੇਟ ਕੀਤੀ ਗਈ। ਇਸ ਮੌਕੇ ਆਗੂਆਂ ਨੇ ਸੰਬੋਧਨ ਕਰਦਿਆਂ ਕਿਹਾ ਕਿ ਸ਼ਹੀਦਾਂ ਦੀਆਂ ਕੁਰਬਾਨੀਆਂ ਨੂੰ ਕਦੇ ਭੁਲਾਇਆ ਨਹੀਂ ਜਾ ਸਕਦਾ। ਉਨ੍ਹਾਂ ਨੌਜਵਾਨਾਂ ਨੂੰ ਉਨ੍ਹਾਂ ਦੇ ਦਰਸਾਏ ਮਾਰਗ ਤੇ ਚੱਲਣ ਦੀ ਅਪੀਲ ਕੀਤੀ। ਸ਼ਹਿਰ ਵਿਖੇ ਅੱਜ ਸਮਾਗਮ ਕਰਵਾਇਆ ਗਿਆ ਜਿਸ ਵਿਚ ਵੱਡੀ ਗਿਣਤੀ ਵਿਚ ਲੋਕਾਂ ਨੇ ਸ਼ਮੂਲੀਅਤ ਕੀਤੀ ਅਤੇ ਸ਼ਹੀਦਾਂ ਨੂੰ ਸ਼ਰਧਾਂਜਲੀ ਭੇਟ ਕੀਤੀ ਗਈ। ਇਸ ਮੌਕੇ ਆਗੂਆਂ ਨੇ ਸੰਬੋਧਨ ਕਰਦਿਆਂ ਕਿਹਾ ਕਿ ਸ਼ਹੀਦਾਂ ਦੀਆਂ ਕੁਰਬਾਨੀਆਂ ਨੂੰ ਕਦੇ ਭੁਲਾਇਆ ਨਹੀਂ ਜਾ ਸਕਦਾ। ਉਨ੍ਹਾਂ ਨੌਜਵਾਨਾਂ ਨੂੰ ਉਨ੍ਹਾਂ ਦੇ ਦਰਸਾਏ ਮਾਰਗ ਤੇ ਚੱਲਣ ਦੀ ਅਪੀਲ ਕੀਤੀ। ਸ਼ਹਿਰ ਵਿਖੇ ਅੱਜ ਸਮਾਗਮ ਕਰਵਾਇਆ ਗਿਆ ਜਿਸ ਵਿਚ ਵੱਡੀ ਗਿਣਤੀ ਵਿਚ ਲੋਕਾਂ ਨੇ ਸ਼ਮੂਲੀਅਤ ਕੀਤੀ ਅਤੇ ਸ਼ਹੀਦਾਂ ਨੂੰ ਸ਼ਰਧਾਂਜਲੀ ਭੇਟ ਕੀਤੀ ਗਈ। ਇਸ ਮੌਕੇ ਆਗੂਆਂ ਨੇ ਸੰਬੋਧਨ ਕਰਦਿਆਂ ਕਿਹਾ ਕਿ ਸ਼ਹੀਦਾਂ ਦੀਆਂ ਕੁਰਬਾਨੀਆਂ ਨੂੰ ਕਦੇ ਭੁਲਾਇਆ ਨਹੀਂ ਜਾ ਸਕਦਾ।
ਪੀ.ਆਰ.ਟੀ.ਸੀ. ਵਰਕਰਾਂ ਵਲੋਂ ਸ਼ਹੀਦ-ਏ-ਆਜ਼ਮ ਸ.
ਭਗਤ ਸਿੰਘ ਨੂੰ ਗੇਟ ਰੈਲੀਆਂ ਕਰ ਕੇ ਭੇਂਟ ਕੀਤੀ ਸ਼ਰਧਾਂਜਲੀ
ਇਨਕਲਾਬੀ ਕੇਂਦਰ ਵਲੋਂ ਕਰਵਾਏ ਸਮਾਗਮ ਦੌਰਾਨ ਨਾਟਕ ਪੇਸ਼ ਕਰਦੇ ਹੋਏ ਕਲਾਕਾਰ।
ਸ਼ਹਿਰ ਵਿਖੇ ਅੱਜ ਸਮਾਗਮ ਕਰਵਾਇਆ ਗਿਆ ਜਿਸ ਵਿਚ ਵੱਡੀ ਗਿਣਤੀ ਵਿਚ ਲੋਕਾਂ ਨੇ ਸ਼ਮੂਲੀਅਤ ਕੀਤੀ ਅਤੇ ਸ਼ਹੀਦਾਂ ਨੂੰ ਸ਼ਰਧਾਂਜਲੀ ਭੇਟ ਕੀਤੀ ਗਈ। ਇਸ ਮੌਕੇ ਆਗੂਆਂ ਨੇ ਸੰਬੋਧਨ ਕਰਦਿਆਂ ਕਿਹਾ ਕਿ ਸ਼ਹੀਦਾਂ ਦੀਆਂ ਕੁਰਬਾਨੀਆਂ ਨੂੰ ਕਦੇ ਭੁਲਾਇਆ ਨਹੀਂ ਜਾ ਸਕਦਾ। ਉਨ੍ਹਾਂ ਨੌਜਵਾਨਾਂ ਨੂੰ ਉਨ੍ਹਾਂ ਦੇ ਦਰਸਾਏ ਮਾਰਗ ਤੇ ਚੱਲਣ ਦੀ ਅਪੀਲ ਕੀਤੀ। ਸ਼ਹਿਰ ਵਿਖੇ ਅੱਜ ਸਮਾਗਮ ਕਰਵਾਇਆ ਗਿਆ ਜਿਸ ਵਿਚ ਵੱਡੀ ਗਿਣਤੀ ਵਿਚ ਲੋਕਾਂ ਨੇ ਸ਼ਮੂਲੀਅਤ ਕੀਤੀ ਅਤੇ ਸ਼ਹੀਦਾਂ ਨੂੰ ਸ਼ਰਧਾਂਜਲੀ ਭੇਟ ਕੀਤੀ ਗਈ। ਇਸ ਮੌਕੇ ਆਗੂਆਂ ਨੇ ਸੰਬੋਧਨ ਕਰਦਿਆਂ ਕਿਹਾ ਕਿ ਸ਼ਹੀਦਾਂ ਦੀਆਂ ਕੁਰਬਾਨੀਆਂ ਨੂੰ ਕਦੇ ਭੁਲਾਇਆ ਨਹੀਂ ਜਾ ਸਕਦਾ। ਉਨ੍ਹਾਂ ਨੌਜਵਾਨਾਂ ਨੂੰ ਉਨ੍ਹਾਂ ਦੇ ਦਰਸਾਏ ਮਾਰਗ ਤੇ ਚੱਲਣ ਦੀ ਅਪੀਲ ਕੀਤੀ। ਸ਼ਹਿਰ ਵਿਖੇ ਅੱਜ ਸਮਾਗਮ ਕਰਵਾਇਆ ਗਿਆ ਜਿਸ ਵਿਚ ਵੱਡੀ ਗਿਣਤੀ ਵਿਚ ਲੋਕਾਂ ਨੇ ਸ਼ਮੂਲੀਅਤ ਕੀਤੀ ਅਤੇ ਸ਼ਹੀਦਾਂ ਨੂੰ ਸ਼ਰਧਾਂਜਲੀ ਭੇਟ ਕੀਤੀ ਗਈ। ਇਸ ਮੌਕੇ ਆਗੂਆਂ ਨੇ ਸੰਬੋਧਨ ਕਰਦਿਆਂ ਕਿਹਾ ਕਿ ਸ਼ਹੀਦਾਂ ਦੀਆਂ ਕੁਰਬਾਨੀਆਂ ਨੂੰ ਕਦੇ ਭੁਲਾਇਆ ਨਹੀਂ ਜਾ ਸਕਦਾ।
25 ਮਾਰਚ ਨੂੰ ਸ਼ੁਰੂ ਹੋਣਗੇ ਸਮਾਗਮ ਭਵਨ ਵਿਚ
ਸ਼ਹਿਰ ਵਿਖੇ ਅੱਜ ਸਮਾਗਮ ਕਰਵਾਇਆ ਗਿਆ ਜਿਸ ਵਿਚ ਵੱਡੀ ਗਿਣਤੀ ਵਿਚ ਲੋਕਾਂ ਨੇ ਸ਼ਮੂਲੀਅਤ ਕੀਤੀ ਅਤੇ ਸ਼ਹੀਦਾਂ ਨੂੰ ਸ਼ਰਧਾਂਜਲੀ ਭੇਟ ਕੀਤੀ ਗਈ। ਇਸ ਮੌਕੇ ਆਗੂਆਂ ਨੇ ਸੰਬੋਧਨ ਕਰਦਿਆਂ ਕਿਹਾ ਕਿ ਸ਼ਹੀਦਾਂ ਦੀਆਂ ਕੁਰਬਾਨੀਆਂ ਨੂੰ ਕਦੇ ਭੁਲਾਇਆ ਨਹੀਂ ਜਾ ਸਕਦਾ। ਉਨ੍ਹਾਂ ਨੌਜਵਾਨਾਂ ਨੂੰ ਉਨ੍ਹਾਂ ਦੇ ਦਰਸਾਏ ਮਾਰਗ ਤੇ ਚੱਲਣ ਦੀ ਅਪੀਲ ਕੀਤੀ। ਸ਼ਹਿਰ ਵਿਖੇ ਅੱਜ ਸਮਾਗਮ ਕਰਵਾਇਆ ਗਿਆ ਜਿਸ ਵਿਚ ਵੱਡੀ ਗਿਣਤੀ ਵਿਚ ਲੋਕਾਂ ਨੇ ਸ਼ਮੂਲੀਅਤ ਕੀਤੀ ਅਤੇ ਸ਼ਹੀਦਾਂ ਨੂੰ ਸ਼ਰਧਾਂਜਲੀ ਭੇਟ ਕੀਤੀ ਗਈ। ਇਸ ਮੌਕੇ ਆਗੂਆਂ ਨੇ ਸੰਬੋਧਨ ਕਰਦਿਆਂ ਕਿਹਾ ਕਿ ਸ਼ਹੀਦਾਂ ਦੀਆਂ ਕੁਰਬਾਨੀਆਂ ਨੂੰ ਕਦੇ ਭੁਲਾਇਆ ਨਹੀਂ ਜਾ ਸਕਦਾ। ਉਨ੍ਹਾਂ ਨੌਜਵਾਨਾਂ ਨੂੰ ਉਨ੍ਹਾਂ ਦੇ ਦਰਸਾਏ ਮਾਰਗ ਤੇ ਚੱਲਣ ਦੀ ਅਪੀਲ ਕੀਤੀ। ਸ਼ਹਿਰ ਵਿਖੇ ਅੱਜ ਸਮਾਗਮ ਕਰਵਾਇਆ ਗਿਆ ਜਿਸ ਵਿਚ ਵੱਡੀ ਗਿਣਤੀ ਵਿਚ ਲੋਕਾਂ ਨੇ ਸ਼ਮੂਲੀਅਤ ਕੀਤੀ ਅਤੇ ਸ਼ਹੀਦਾਂ ਨੂੰ ਸ਼ਰਧਾਂਜਲੀ ਭੇਟ ਕੀਤੀ ਗਈ। ਇਸ ਮੌਕੇ ਆਗੂਆਂ ਨੇ ਸੰਬੋਧਨ ਕਰਦਿਆਂ ਕਿਹਾ ਕਿ ਸ਼ਹੀਦਾਂ ਦੀਆਂ ਕੁਰਬਾਨੀਆਂ ਨੂੰ ਕਦੇ ਭੁਲਾਇਆ ਨਹੀਂ ਜਾ ਸਕਦਾ।
ਪੀ.ਆਰ.ਟੀ.ਸੀ. ਵਰਕਰ ਸ਼ਹੀਦਾਂ ਨੂੰ ਸ਼ਰਧਾਂਜਲੀ ਦਿੰਦੇ ਹੋਏ।
ਸ਼ਹੀਦ ਭਗਤ ਸਿੰਘ ਤੇ ਸਾਥੀਆਂ ਦਾ ਸ਼ਹੀਦੀ ਦਿਹਾੜਾ ਇਨਕਲਾਬੀ ਕੇਂਦਰ ਤੇ ਜਥੇਬੰਦੀਆਂ ਵਲੋਂ ਮਨਾਇਆ
ਸ਼ਹਿਰ ਵਿਖੇ ਅੱਜ ਸਮਾਗਮ ਕਰਵਾਇਆ ਗਿਆ ਜਿਸ ਵਿਚ ਵੱਡੀ ਗਿਣਤੀ ਵਿਚ ਲੋਕਾਂ ਨੇ ਸ਼ਮੂਲੀਅਤ ਕੀਤੀ ਅਤੇ ਸ਼ਹੀਦਾਂ ਨੂੰ ਸ਼ਰਧਾਂਜਲੀ ਭੇਟ ਕੀਤੀ ਗਈ। ਇਸ ਮੌਕੇ ਆਗੂਆਂ ਨੇ ਸੰਬੋਧਨ ਕਰਦਿਆਂ ਕਿਹਾ ਕਿ ਸ਼ਹੀਦਾਂ ਦੀਆਂ ਕੁਰਬਾਨੀਆਂ ਨੂੰ ਕਦੇ ਭੁਲਾਇਆ ਨਹੀਂ ਜਾ ਸਕਦਾ। ਉਨ੍ਹਾਂ ਨੌਜਵਾਨਾਂ ਨੂੰ ਉਨ੍ਹਾਂ ਦੇ ਦਰਸਾਏ ਮਾਰਗ ਤੇ ਚੱਲਣ ਦੀ ਅਪੀਲ ਕੀਤੀ। ਸ਼ਹਿਰ ਵਿਖੇ ਅੱਜ ਸਮਾਗਮ ਕਰਵਾਇਆ ਗਿਆ ਜਿਸ ਵਿਚ ਵੱਡੀ ਗਿਣਤੀ ਵਿਚ ਲੋਕਾਂ ਨੇ ਸ਼ਮੂਲੀਅਤ ਕੀਤੀ ਅਤੇ ਸ਼ਹੀਦਾਂ ਨੂੰ ਸ਼ਰਧਾਂਜਲੀ ਭੇਟ ਕੀਤੀ ਗਈ। ਇਸ ਮੌਕੇ ਆਗੂਆਂ ਨੇ ਸੰਬੋਧਨ ਕਰਦਿਆਂ ਕਿਹਾ ਕਿ ਸ਼ਹੀਦਾਂ ਦੀਆਂ ਕੁਰਬਾਨੀਆਂ ਨੂੰ ਕਦੇ ਭੁਲਾਇਆ ਨਹੀਂ ਜਾ ਸਕਦਾ। ਉਨ੍ਹਾਂ ਨੌਜਵਾਨਾਂ ਨੂੰ ਉਨ੍ਹਾਂ ਦੇ ਦਰਸਾਏ ਮਾਰਗ ਤੇ ਚੱਲਣ ਦੀ ਅਪੀਲ ਕੀਤੀ। ਸ਼ਹਿਰ ਵਿਖੇ ਅੱਜ ਸਮਾਗਮ ਕਰਵਾਇਆ ਗਿਆ ਜਿਸ ਵਿਚ ਵੱਡੀ ਗਿਣਤੀ ਵਿਚ ਲੋਕਾਂ ਨੇ ਸ਼ਮੂਲੀਅਤ ਕੀਤੀ ਅਤੇ ਸ਼ਹੀਦਾਂ ਨੂੰ ਸ਼ਰਧਾਂਜਲੀ ਭੇਟ ਕੀਤੀ ਗਈ। ਇਸ ਮੌਕੇ ਆਗੂਆਂ ਨੇ ਸੰਬੋਧਨ ਕਰਦਿਆਂ ਕਿਹਾ ਕਿ ਸ਼ਹੀਦਾਂ ਦੀਆਂ ਕੁਰਬਾਨੀਆਂ ਨੂੰ ਕਦੇ ਭੁਲਾਇਆ ਨਹੀਂ ਜਾ ਸਕਦਾ।
ਸ਼ਹਿਰ ਵਿਖੇ ਅੱਜ ਸਮਾਗਮ ਕਰਵਾਇਆ ਗਿਆ ਜਿਸ ਵਿਚ ਵੱਡੀ ਗਿਣਤੀ ਵਿਚ ਲੋਕਾਂ ਨੇ ਸ਼ਮੂਲੀਅਤ ਕੀਤੀ ਅਤੇ ਸ਼ਹੀਦਾਂ ਨੂੰ ਸ਼ਰਧਾਂਜਲੀ ਭੇਟ ਕੀਤੀ ਗਈ। ਇਸ ਮੌਕੇ ਆਗੂਆਂ ਨੇ ਸੰਬੋਧਨ ਕਰਦਿਆਂ ਕਿਹਾ ਕਿ ਸ਼ਹੀਦਾਂ ਦੀਆਂ ਕੁਰਬਾਨੀਆਂ ਨੂੰ ਕਦੇ ਭੁਲਾਇਆ ਨਹੀਂ ਜਾ ਸਕਦਾ। ਉਨ੍ਹਾਂ ਨੌਜਵਾਨਾਂ ਨੂੰ ਉਨ੍ਹਾਂ ਦੇ ਦਰਸਾਏ ਮਾਰਗ ਤੇ ਚੱਲਣ ਦੀ ਅਪੀਲ ਕੀਤੀ। ਸ਼ਹਿਰ ਵਿਖੇ ਅੱਜ ਸਮਾਗਮ ਕਰਵਾਇਆ ਗਿਆ ਜਿਸ ਵਿਚ ਵੱਡੀ ਗਿਣਤੀ ਵਿਚ ਲੋਕਾਂ ਨੇ ਸ਼ਮੂਲੀਅਤ ਕੀਤੀ ਅਤੇ ਸ਼ਹੀਦਾਂ ਨੂੰ ਸ਼ਰਧਾਂਜਲੀ ਭੇਟ ਕੀਤੀ ਗਈ। ਇਸ ਮੌਕੇ ਆਗੂਆਂ ਨੇ ਸੰਬੋਧਨ ਕਰਦਿਆਂ ਕਿਹਾ ਕਿ ਸ਼ਹੀਦਾਂ ਦੀਆਂ ਕੁਰਬਾਨੀਆਂ ਨੂੰ ਕਦੇ ਭੁਲਾਇਆ ਨਹੀਂ ਜਾ ਸਕਦਾ। ਉਨ੍ਹਾਂ ਨੌਜਵਾਨਾਂ ਨੂੰ ਉਨ੍ਹਾਂ ਦੇ ਦਰਸਾਏ ਮਾਰਗ ਤੇ ਚੱਲਣ ਦੀ ਅਪੀਲ ਕੀਤੀ। ਸ਼ਹਿਰ ਵਿਖੇ ਅੱਜ ਸਮਾਗਮ ਕਰਵਾਇਆ ਗਿਆ ਜਿਸ ਵਿਚ ਵੱਡੀ ਗਿਣਤੀ ਵਿਚ ਲੋਕਾਂ ਨੇ ਸ਼ਮੂਲੀਅਤ ਕੀਤੀ ਅਤੇ ਸ਼ਹੀਦਾਂ ਨੂੰ ਸ਼ਰਧਾਂਜਲੀ ਭੇਟ ਕੀਤੀ ਗਈ। ਇਸ ਮੌਕੇ ਆਗੂਆਂ ਨੇ ਸੰਬੋਧਨ ਕਰਦਿਆਂ ਕਿਹਾ ਕਿ ਸ਼ਹੀਦਾਂ ਦੀਆਂ ਕੁਰਬਾਨੀਆਂ ਨੂੰ ਕਦੇ ਭੁਲਾਇਆ ਨਹੀਂ ਜਾ ਸਕਦਾ।
ਸ਼ਹਿਰ ਵਿਖੇ ਅੱਜ ਸਮਾਗਮ ਕਰਵਾਇਆ ਗਿਆ ਜਿਸ ਵਿਚ ਵੱਡੀ ਗਿਣਤੀ ਵਿਚ ਲੋਕਾਂ ਨੇ ਸ਼ਮੂਲੀਅਤ ਕੀਤੀ ਅਤੇ ਸ਼ਹੀਦਾਂ ਨੂੰ ਸ਼ਰਧਾਂਜਲੀ ਭੇਟ ਕੀਤੀ ਗਈ। ਇਸ ਮੌਕੇ ਆਗੂਆਂ ਨੇ ਸੰਬੋਧਨ ਕਰਦਿਆਂ ਕਿਹਾ ਕਿ ਸ਼ਹੀਦਾਂ ਦੀਆਂ ਕੁਰਬਾਨੀਆਂ ਨੂੰ ਕਦੇ ਭੁਲਾਇਆ ਨਹੀਂ ਜਾ ਸਕਦਾ। ਉਨ੍ਹਾਂ ਨੌਜਵਾਨਾਂ ਨੂੰ ਉਨ੍ਹਾਂ ਦੇ ਦਰਸਾਏ ਮਾਰਗ ਤੇ ਚੱਲਣ ਦੀ ਅਪੀਲ ਕੀਤੀ। ਸ਼ਹਿਰ ਵਿਖੇ ਅੱਜ ਸਮਾਗਮ ਕਰਵਾਇਆ ਗਿਆ ਜਿਸ ਵਿਚ ਵੱਡੀ ਗਿਣਤੀ ਵਿਚ ਲੋਕਾਂ ਨੇ ਸ਼ਮੂਲੀਅਤ ਕੀਤੀ ਅਤੇ ਸ਼ਹੀਦਾਂ ਨੂੰ ਸ਼ਰਧਾਂਜਲੀ ਭੇਟ ਕੀਤੀ ਗਈ। ਇਸ ਮੌਕੇ ਆਗੂਆਂ ਨੇ ਸੰਬੋਧਨ ਕਰਦਿਆਂ ਕਿਹਾ ਕਿ ਸ਼ਹੀਦਾਂ ਦੀਆਂ ਕੁਰਬਾਨੀਆਂ ਨੂੰ ਕਦੇ ਭੁਲਾਇਆ ਨਹੀਂ ਜਾ ਸਕਦਾ। ਉਨ੍ਹਾਂ ਨੌਜਵਾਨਾਂ ਨੂੰ ਉਨ੍ਹਾਂ ਦੇ ਦਰਸਾਏ ਮਾਰਗ ਤੇ ਚੱਲਣ ਦੀ ਅਪੀਲ ਕੀਤੀ। ਸ਼ਹਿਰ ਵਿਖੇ ਅੱਜ ਸਮਾਗਮ ਕਰਵਾਇਆ ਗਿਆ ਜਿਸ ਵਿਚ ਵੱਡੀ ਗਿਣਤੀ ਵਿਚ ਲੋਕਾਂ ਨੇ ਸ਼ਮੂਲੀਅਤ ਕੀਤੀ ਅਤੇ ਸ਼ਹੀਦਾਂ ਨੂੰ ਸ਼ਰਧਾਂਜਲੀ ਭੇਟ ਕੀਤੀ ਗਈ। ਇਸ ਮੌਕੇ ਆਗੂਆਂ ਨੇ ਸੰਬੋਧਨ ਕਰਦਿਆਂ ਕਿਹਾ ਕਿ ਸ਼ਹੀਦਾਂ ਦੀਆਂ ਕੁਰਬਾਨੀਆਂ ਨੂੰ ਕਦੇ ਭੁਲਾਇਆ ਨਹੀਂ ਜਾ ਸਕਦਾ।
ਸ਼ਹਿਰ ਵਿਖੇ ਅੱਜ ਸਮਾਗਮ ਕਰਵਾਇਆ ਗਿਆ ਜਿਸ ਵਿਚ ਵੱਡੀ ਗਿਣਤੀ ਵਿਚ ਲੋਕਾਂ ਨੇ ਸ਼ਮੂਲੀਅਤ ਕੀਤੀ ਅਤੇ ਸ਼ਹੀਦਾਂ ਨੂੰ ਸ਼ਰਧਾਂਜਲੀ ਭੇਟ ਕੀਤੀ ਗਈ। ਇਸ ਮੌਕੇ ਆਗੂਆਂ ਨੇ ਸੰਬੋਧਨ ਕਰਦਿਆਂ ਕਿਹਾ ਕਿ ਸ਼ਹੀਦਾਂ ਦੀਆਂ ਕੁਰਬਾਨੀਆਂ ਨੂੰ ਕਦੇ ਭੁਲਾਇਆ ਨਹੀਂ ਜਾ ਸਕਦਾ। ਉਨ੍ਹਾਂ ਨੌਜਵਾਨਾਂ ਨੂੰ ਉਨ੍ਹਾਂ ਦੇ ਦਰਸਾਏ ਮਾਰਗ ਤੇ ਚੱਲਣ ਦੀ ਅਪੀਲ ਕੀਤੀ। ਸ਼ਹਿਰ ਵਿਖੇ ਅੱਜ ਸਮਾਗਮ ਕਰਵਾਇਆ ਗਿਆ ਜਿਸ ਵਿਚ ਵੱਡੀ ਗਿਣਤੀ ਵਿਚ ਲੋਕਾਂ ਨੇ ਸ਼ਮੂਲੀਅਤ ਕੀਤੀ ਅਤੇ ਸ਼ਹੀਦਾਂ ਨੂੰ ਸ਼ਰਧਾਂਜਲੀ ਭੇਟ ਕੀਤੀ ਗਈ। ਇਸ ਮੌਕੇ ਆਗੂਆਂ ਨੇ ਸੰਬੋਧਨ ਕਰਦਿਆਂ ਕਿਹਾ ਕਿ ਸ਼ਹੀਦਾਂ ਦੀਆਂ ਕੁਰਬਾਨੀਆਂ ਨੂੰ ਕਦੇ ਭੁਲਾਇਆ ਨਹੀਂ ਜਾ ਸਕਦਾ। ਉਨ੍ਹਾਂ ਨੌਜਵਾਨਾਂ ਨੂੰ ਉਨ੍ਹਾਂ ਦੇ ਦਰਸਾਏ ਮਾਰਗ ਤੇ ਚੱਲਣ ਦੀ ਅਪੀਲ ਕੀਤੀ। ਸ਼ਹਿਰ ਵਿਖੇ ਅੱਜ ਸਮਾਗਮ ਕਰਵਾਇਆ ਗਿਆ ਜਿਸ ਵਿਚ ਵੱਡੀ ਗਿਣਤੀ ਵਿਚ ਲੋਕਾਂ ਨੇ ਸ਼ਮੂਲੀਅਤ ਕੀਤੀ ਅਤੇ ਸ਼ਹੀਦਾਂ ਨੂੰ ਸ਼ਰਧਾਂਜਲੀ ਭੇਟ ਕੀਤੀ ਗਈ। ਇਸ ਮੌਕੇ ਆਗੂਆਂ ਨੇ ਸੰਬੋਧਨ ਕਰਦਿਆਂ ਕਿਹਾ ਕਿ ਸ਼ਹੀਦਾਂ ਦੀਆਂ ਕੁਰਬਾਨੀਆਂ ਨੂੰ ਕਦੇ ਭੁਲਾਇਆ ਨਹੀਂ ਜਾ ਸਕਦਾ।
ਸ਼ਹਿਰ ਵਿਖੇ ਅੱਜ ਸਮਾਗਮ ਕਰਵਾਇਆ ਗਿਆ ਜਿਸ ਵਿਚ ਵੱਡੀ ਗਿਣਤੀ ਵਿਚ ਲੋਕਾਂ ਨੇ ਸ਼ਮੂਲੀਅਤ ਕੀਤੀ ਅਤੇ ਸ਼ਹੀਦਾਂ ਨੂੰ ਸ਼ਰਧਾਂਜਲੀ ਭੇਟ ਕੀਤੀ ਗਈ। ਇਸ ਮੌਕੇ ਆਗੂਆਂ ਨੇ ਸੰਬੋਧਨ ਕਰਦਿਆਂ ਕਿਹਾ ਕਿ ਸ਼ਹੀਦਾਂ ਦੀਆਂ ਕੁਰਬਾਨੀਆਂ ਨੂੰ ਕਦੇ ਭੁਲਾਇਆ ਨਹੀਂ ਜਾ ਸਕਦਾ। ਉਨ੍ਹਾਂ ਨੌਜਵਾਨਾਂ ਨੂੰ ਉਨ੍ਹਾਂ ਦੇ ਦਰਸਾਏ ਮਾਰਗ ਤੇ ਚੱਲਣ ਦੀ ਅਪੀਲ ਕੀਤੀ। ਸ਼ਹਿਰ ਵਿਖੇ ਅੱਜ ਸਮਾਗਮ ਕਰਵਾਇਆ ਗਿਆ ਜਿਸ ਵਿਚ ਵੱਡੀ ਗਿਣਤੀ ਵਿਚ ਲੋਕਾਂ ਨੇ ਸ਼ਮੂਲੀਅਤ ਕੀਤੀ ਅਤੇ ਸ਼ਹੀਦਾਂ ਨੂੰ ਸ਼ਰਧਾਂਜਲੀ ਭੇਟ ਕੀਤੀ ਗਈ। ਇਸ ਮੌਕੇ ਆਗੂਆਂ ਨੇ ਸੰਬੋਧਨ ਕਰਦਿਆਂ ਕਿਹਾ ਕਿ ਸ਼ਹੀਦਾਂ ਦੀਆਂ ਕੁਰਬਾਨੀਆਂ ਨੂੰ ਕਦੇ ਭੁਲਾਇਆ ਨਹੀਂ ਜਾ ਸਕਦਾ। ਉਨ੍ਹਾਂ ਨੌਜਵਾਨਾਂ ਨੂੰ ਉਨ੍ਹਾਂ ਦੇ ਦਰਸਾਏ ਮਾਰਗ ਤੇ ਚੱਲਣ ਦੀ ਅਪੀਲ ਕੀਤੀ। ਸ਼ਹਿਰ ਵਿਖੇ ਅੱਜ ਸਮਾਗਮ ਕਰਵਾਇਆ ਗਿਆ ਜਿਸ ਵਿਚ ਵੱਡੀ ਗਿਣਤੀ ਵਿਚ ਲੋਕਾਂ ਨੇ ਸ਼ਮੂਲੀਅਤ ਕੀਤੀ ਅਤੇ ਸ਼ਹੀਦਾਂ ਨੂੰ ਸ਼ਰਧਾਂਜਲੀ ਭੇਟ ਕੀਤੀ ਗਈ। ਇਸ ਮੌਕੇ ਆਗੂਆਂ ਨੇ ਸੰਬੋਧਨ ਕਰਦਿਆਂ ਕਿਹਾ ਕਿ ਸ਼ਹੀਦਾਂ ਦੀਆਂ ਕੁਰਬਾਨੀਆਂ ਨੂੰ ਕਦੇ ਭੁਲਾਇਆ ਨਹੀਂ ਜਾ ਸਕਦਾ।
ਸ਼ਹਿਰ ਵਿਖੇ ਅੱਜ ਸਮਾਗਮ ਕਰਵਾਇਆ ਗਿਆ ਜਿਸ ਵਿਚ ਵੱਡੀ ਗਿਣਤੀ ਵਿਚ ਲੋਕਾਂ ਨੇ ਸ਼ਮੂਲੀਅਤ ਕੀਤੀ ਅਤੇ ਸ਼ਹੀਦਾਂ ਨੂੰ ਸ਼ਰਧਾਂਜਲੀ ਭੇਟ ਕੀਤੀ ਗਈ। ਇਸ ਮੌਕੇ ਆਗੂਆਂ ਨੇ ਸੰਬੋਧਨ ਕਰਦਿਆਂ ਕਿਹਾ ਕਿ ਸ਼ਹੀਦਾਂ ਦੀਆਂ ਕੁਰਬਾਨੀਆਂ ਨੂੰ ਕਦੇ ਭੁਲਾਇਆ ਨਹੀਂ ਜਾ ਸਕਦਾ। ਉਨ੍ਹਾਂ ਨੌਜਵਾਨਾਂ ਨੂੰ ਉਨ੍ਹਾਂ ਦੇ ਦਰਸਾਏ ਮਾਰਗ ਤੇ ਚੱਲਣ ਦੀ ਅਪੀਲ ਕੀਤੀ। ਸ਼ਹਿਰ ਵਿਖੇ ਅੱਜ ਸਮਾਗਮ ਕਰਵਾਇਆ ਗਿਆ ਜਿਸ ਵਿਚ ਵੱਡੀ ਗਿਣਤੀ ਵਿਚ ਲੋਕਾਂ ਨੇ ਸ਼ਮੂਲੀਅਤ ਕੀਤੀ ਅਤੇ ਸ਼ਹੀਦਾਂ ਨੂੰ ਸ਼ਰਧਾਂਜਲੀ ਭੇਟ ਕੀਤੀ ਗਈ। ਇਸ ਮੌਕੇ ਆਗੂਆਂ ਨੇ ਸੰਬੋਧਨ ਕਰਦਿਆਂ ਕਿਹਾ ਕਿ ਸ਼ਹੀਦਾਂ ਦੀਆਂ ਕੁਰਬਾਨੀਆਂ ਨੂੰ ਕਦੇ ਭੁਲਾਇਆ ਨਹੀਂ ਜਾ ਸਕਦਾ। ਉਨ੍ਹਾਂ ਨੌਜਵਾਨਾਂ ਨੂੰ ਉਨ੍ਹਾਂ ਦੇ ਦਰਸਾਏ ਮਾਰਗ ਤੇ ਚੱਲਣ ਦੀ ਅਪੀਲ ਕੀਤੀ। ਸ਼ਹਿਰ ਵਿਖੇ ਅੱਜ ਸਮਾਗਮ ਕਰਵਾਇਆ ਗਿਆ ਜਿਸ ਵਿਚ ਵੱਡੀ ਗਿਣਤੀ ਵਿਚ ਲੋਕਾਂ ਨੇ ਸ਼ਮੂਲੀਅਤ ਕੀਤੀ ਅਤੇ ਸ਼ਹੀਦਾਂ ਨੂੰ ਸ਼ਰਧਾਂਜਲੀ ਭੇਟ ਕੀਤੀ ਗਈ। ਇਸ ਮੌਕੇ ਆਗੂਆਂ ਨੇ ਸੰਬੋਧਨ ਕਰਦਿਆਂ ਕਿਹਾ ਕਿ ਸ਼ਹੀਦਾਂ ਦੀਆਂ ਕੁਰਬਾਨੀਆਂ ਨੂੰ ਕਦੇ ਭੁਲਾਇਆ ਨਹੀਂ ਜਾ ਸਕਦਾ।
ਸ਼ਹਿਰ ਵਿਖੇ ਅੱਜ ਸਮਾਗਮ ਕਰਵਾਇਆ ਗਿਆ ਜਿਸ ਵਿਚ ਵੱਡੀ ਗਿਣਤੀ ਵਿਚ ਲੋਕਾਂ ਨੇ ਸ਼ਮੂਲੀਅਤ ਕੀਤੀ ਅਤੇ ਸ਼ਹੀਦਾਂ ਨੂੰ ਸ਼ਰਧਾਂਜਲੀ ਭੇਟ ਕੀਤੀ ਗਈ। ਇਸ ਮੌਕੇ ਆਗੂਆਂ ਨੇ ਸੰਬੋਧਨ ਕਰਦਿਆਂ ਕਿਹਾ ਕਿ ਸ਼ਹੀਦਾਂ ਦੀਆਂ ਕੁਰਬਾਨੀਆਂ ਨੂੰ ਕਦੇ ਭੁਲਾਇਆ ਨਹੀਂ ਜਾ ਸਕਦਾ। ਉਨ੍ਹਾਂ ਨੌਜਵਾਨਾਂ ਨੂੰ ਉਨ੍ਹਾਂ ਦੇ ਦਰਸਾਏ ਮਾਰਗ ਤੇ ਚੱਲਣ ਦੀ ਅਪੀਲ ਕੀਤੀ। ਸ਼ਹਿਰ ਵਿਖੇ ਅੱਜ ਸਮਾਗਮ ਕਰਵਾਇਆ ਗਿਆ ਜਿਸ ਵਿਚ ਵੱਡੀ ਗਿਣਤੀ ਵਿਚ ਲੋਕਾਂ ਨੇ ਸ਼ਮੂਲੀਅਤ ਕੀਤੀ ਅਤੇ ਸ਼ਹੀਦਾਂ ਨੂੰ ਸ਼ਰਧਾਂਜਲੀ ਭੇਟ ਕੀਤੀ ਗਈ। ਇਸ ਮੌਕੇ ਆਗੂਆਂ ਨੇ ਸੰਬੋਧਨ ਕਰਦਿਆਂ ਕਿਹਾ ਕਿ ਸ਼ਹੀਦਾਂ ਦੀਆਂ ਕੁਰਬਾਨੀਆਂ ਨੂੰ ਕਦੇ ਭੁਲਾਇਆ ਨਹੀਂ ਜਾ ਸਕਦਾ। ਉਨ੍ਹਾਂ ਨੌਜਵਾਨਾਂ ਨੂੰ ਉਨ੍ਹਾਂ ਦੇ ਦਰਸਾਏ ਮਾਰਗ ਤੇ ਚੱਲਣ ਦੀ ਅਪੀਲ ਕੀਤੀ। ਸ਼ਹਿਰ ਵਿਖੇ ਅੱਜ ਸਮਾਗਮ ਕਰਵਾਇਆ ਗਿਆ ਜਿਸ ਵਿਚ ਵੱਡੀ ਗਿਣਤੀ ਵਿਚ ਲੋਕਾਂ ਨੇ ਸ਼ਮੂਲੀਅਤ ਕੀਤੀ ਅਤੇ ਸ਼ਹੀਦਾਂ ਨੂੰ ਸ਼ਰਧਾਂਜਲੀ ਭੇਟ ਕੀਤੀ ਗਈ। ਇਸ ਮੌਕੇ ਆਗੂਆਂ ਨੇ ਸੰਬੋਧਨ ਕਰਦਿਆਂ ਕਿਹਾ ਕਿ ਸ਼ਹੀਦਾਂ ਦੀਆਂ ਕੁਰਬਾਨੀਆਂ ਨੂੰ ਕਦੇ ਭੁਲਾਇਆ ਨਹੀਂ ਜਾ ਸਕਦਾ।
ਸ਼ਹਿਰ ਵਿਖੇ ਅੱਜ ਸਮਾਗਮ ਕਰਵਾਇਆ ਗਿਆ ਜਿਸ ਵਿਚ ਵੱਡੀ ਗਿਣਤੀ ਵਿਚ ਲੋਕਾਂ ਨੇ ਸ਼ਮੂਲੀਅਤ ਕੀਤੀ ਅਤੇ ਸ਼ਹੀਦਾਂ ਨੂੰ ਸ਼ਰਧਾਂਜਲੀ ਭੇਟ ਕੀਤੀ ਗਈ। ਇਸ ਮੌਕੇ ਆਗੂਆਂ ਨੇ ਸੰਬੋਧਨ ਕਰਦਿਆਂ ਕਿਹਾ ਕਿ ਸ਼ਹੀਦਾਂ ਦੀਆਂ ਕੁਰਬਾਨੀਆਂ ਨੂੰ ਕਦੇ ਭੁਲਾਇਆ ਨਹੀਂ ਜਾ ਸਕਦਾ। ਉਨ੍ਹਾਂ ਨੌਜਵਾਨਾਂ ਨੂੰ ਉਨ੍ਹਾਂ ਦੇ ਦਰਸਾਏ ਮਾਰਗ ਤੇ ਚੱਲਣ ਦੀ ਅਪੀਲ ਕੀਤੀ। ਸ਼ਹਿਰ ਵਿਖੇ ਅੱਜ ਸਮਾਗਮ ਕਰਵਾਇਆ ਗਿਆ ਜਿਸ ਵਿਚ ਵੱਡੀ ਗਿਣਤੀ ਵਿਚ ਲੋਕਾਂ ਨੇ ਸ਼ਮੂਲੀਅਤ ਕੀਤੀ ਅਤੇ ਸ਼ਹੀਦਾਂ ਨੂੰ ਸ਼ਰਧਾਂਜਲੀ ਭੇਟ ਕੀਤੀ ਗਈ। ਇਸ ਮੌਕੇ ਆਗੂਆਂ ਨੇ ਸੰਬੋਧਨ ਕਰਦਿਆਂ ਕਿਹਾ ਕਿ ਸ਼ਹੀਦਾਂ ਦੀਆਂ ਕੁਰਬਾਨੀਆਂ ਨੂੰ ਕਦੇ ਭੁਲਾਇਆ ਨਹੀਂ ਜਾ ਸਕਦਾ। ਉਨ੍ਹਾਂ ਨੌਜਵਾਨਾਂ ਨੂੰ ਉਨ੍ਹਾਂ ਦੇ ਦਰਸਾਏ ਮਾਰਗ ਤੇ ਚੱਲਣ ਦੀ ਅਪੀਲ ਕੀਤੀ। ਸ਼ਹਿਰ ਵਿਖੇ ਅੱਜ ਸਮਾਗਮ ਕਰਵਾਇਆ ਗਿਆ ਜਿਸ ਵਿਚ ਵੱਡੀ ਗਿਣਤੀ ਵਿਚ ਲੋਕਾਂ ਨੇ ਸ਼ਮੂਲੀਅਤ ਕੀਤੀ ਅਤੇ ਸ਼ਹੀਦਾਂ ਨੂੰ ਸ਼ਰਧਾਂਜਲੀ ਭੇਟ ਕੀਤੀ ਗਈ। ਇਸ ਮੌਕੇ ਆਗੂਆਂ ਨੇ ਸੰਬੋਧਨ ਕਰਦਿਆਂ ਕਿਹਾ ਕਿ ਸ਼ਹੀਦਾਂ ਦੀਆਂ ਕੁਰਬਾਨੀਆਂ ਨੂੰ ਕਦੇ ਭੁਲਾਇਆ ਨਹੀਂ ਜਾ ਸਕਦਾ।
ਭੁੱਚੋ ਮੰਡੀ ਦੀ ਸੋਸ਼ਲ ਵੈਲਫੇਅਰ ਸੁਸਾਇਟੀ ਕਲੱਬ ਦੀ ਚੋਣ
ਵਾਸਾ ਕਲੀਨਿਕ ਦੇ ਪਿੱਛੇ ਹੁਣ ਤਕ ਪੈਸੇ ਨਹੀਂ ਆਏ : ਅਧਿਕਾਰੀ ਸਿੰਘ ਗਿੱਲ
ਸੀਨੀਅਰ ਮੈਡੀਕਲ ਅਫ਼ਸਰ ਤਲਵੰਡੀ ਸਾਬੋ
ਵਲੋਂ ਜੱਚਾ ਬੱਚਾ ਵਾਰਡ ਦਾ ਅਚਨਚੇਤ ਦੌਰਾ
ਸ਼ਹਿਰ ਵਿਖੇ ਅੱਜ ਸਮਾਗਮ ਕਰਵਾਇਆ ਗਿਆ ਜਿਸ ਵਿਚ ਵੱਡੀ ਗਿਣਤੀ ਵਿਚ ਲੋਕਾਂ ਨੇ ਸ਼ਮੂਲੀਅਤ ਕੀਤੀ ਅਤੇ ਸ਼ਹੀਦਾਂ ਨੂੰ ਸ਼ਰਧਾਂਜਲੀ ਭੇਟ ਕੀਤੀ ਗਈ। ਇਸ ਮੌਕੇ ਆਗੂਆਂ ਨੇ ਸੰਬੋਧਨ ਕਰਦਿਆਂ ਕਿਹਾ ਕਿ ਸ਼ਹੀਦਾਂ ਦੀਆਂ ਕੁਰਬਾਨੀਆਂ ਨੂੰ ਕਦੇ ਭੁਲਾਇਆ ਨਹੀਂ ਜਾ ਸਕਦਾ। ਉਨ੍ਹਾਂ ਨੌਜਵਾਨਾਂ ਨੂੰ ਉਨ੍ਹਾਂ ਦੇ ਦਰਸਾਏ ਮਾਰਗ ਤੇ ਚੱਲਣ ਦੀ ਅਪੀਲ ਕੀਤੀ। ਸ਼ਹਿਰ ਵਿਖੇ ਅੱਜ ਸਮਾਗਮ ਕਰਵਾਇਆ ਗਿਆ ਜਿਸ ਵਿਚ ਵੱਡੀ ਗਿਣਤੀ ਵਿਚ ਲੋਕਾਂ ਨੇ ਸ਼ਮੂਲੀਅਤ ਕੀਤੀ ਅਤੇ ਸ਼ਹੀਦਾਂ ਨੂੰ ਸ਼ਰਧਾਂਜਲੀ ਭੇਟ ਕੀਤੀ ਗਈ। ਇਸ ਮੌਕੇ ਆਗੂਆਂ ਨੇ ਸੰਬੋਧਨ ਕਰਦਿਆਂ ਕਿਹਾ ਕਿ ਸ਼ਹੀਦਾਂ ਦੀਆਂ ਕੁਰਬਾਨੀਆਂ ਨੂੰ ਕਦੇ ਭੁਲਾਇਆ ਨਹੀਂ ਜਾ ਸਕਦਾ। ਉਨ੍ਹਾਂ ਨੌਜਵਾਨਾਂ ਨੂੰ ਉਨ੍ਹਾਂ ਦੇ ਦਰਸਾਏ ਮਾਰਗ ਤੇ ਚੱਲਣ ਦੀ ਅਪੀਲ ਕੀਤੀ। ਸ਼ਹਿਰ ਵਿਖੇ ਅੱਜ ਸਮਾਗਮ ਕਰਵਾਇਆ ਗਿਆ ਜਿਸ ਵਿਚ ਵੱਡੀ ਗਿਣਤੀ ਵਿਚ ਲੋਕਾਂ ਨੇ ਸ਼ਮੂਲੀਅਤ ਕੀਤੀ ਅਤੇ ਸ਼ਹੀਦਾਂ ਨੂੰ ਸ਼ਰਧਾਂਜਲੀ ਭੇਟ ਕੀਤੀ ਗਈ। ਇਸ ਮੌਕੇ ਆਗੂਆਂ ਨੇ ਸੰਬੋਧਨ ਕਰਦਿਆਂ ਕਿਹਾ ਕਿ ਸ਼ਹੀਦਾਂ ਦੀਆਂ ਕੁਰਬਾਨੀਆਂ ਨੂੰ ਕਦੇ ਭੁਲਾਇਆ ਨਹੀਂ ਜਾ ਸਕਦਾ।
ਸ਼ਹਿਰ ਵਿਖੇ ਅੱਜ ਸਮਾਗਮ ਕਰਵਾਇਆ ਗਿਆ ਜਿਸ ਵਿਚ ਵੱਡੀ ਗਿਣਤੀ ਵਿਚ ਲੋਕਾਂ ਨੇ ਸ਼ਮੂਲੀਅਤ ਕੀਤੀ ਅਤੇ ਸ਼ਹੀਦਾਂ ਨੂੰ ਸ਼ਰਧਾਂਜਲੀ ਭੇਟ ਕੀਤੀ ਗਈ। ਇਸ ਮੌਕੇ ਆਗੂਆਂ ਨੇ ਸੰਬੋਧਨ ਕਰਦਿਆਂ ਕਿਹਾ ਕਿ ਸ਼ਹੀਦਾਂ ਦੀਆਂ ਕੁਰਬਾਨੀਆਂ ਨੂੰ ਕਦੇ ਭੁਲਾਇਆ ਨਹੀਂ ਜਾ ਸਕਦਾ। ਉਨ੍ਹਾਂ ਨੌਜਵਾਨਾਂ ਨੂੰ ਉਨ੍ਹਾਂ ਦੇ ਦਰਸਾਏ ਮਾਰਗ ਤੇ ਚੱਲਣ ਦੀ ਅਪੀਲ ਕੀਤੀ। ਸ਼ਹਿਰ ਵਿਖੇ ਅੱਜ ਸਮਾਗਮ ਕਰਵਾਇਆ ਗਿਆ ਜਿਸ ਵਿਚ ਵੱਡੀ ਗਿਣਤੀ ਵਿਚ ਲੋਕਾਂ ਨੇ ਸ਼ਮੂਲੀਅਤ ਕੀਤੀ ਅਤੇ ਸ਼ਹੀਦਾਂ ਨੂੰ ਸ਼ਰਧਾਂਜਲੀ ਭੇਟ ਕੀਤੀ ਗਈ। ਇਸ ਮੌਕੇ ਆਗੂਆਂ ਨੇ ਸੰਬੋਧਨ ਕਰਦਿਆਂ ਕਿਹਾ ਕਿ ਸ਼ਹੀਦਾਂ ਦੀਆਂ ਕੁਰਬਾਨੀਆਂ ਨੂੰ ਕਦੇ ਭੁਲਾਇਆ ਨਹੀਂ ਜਾ ਸਕਦਾ। ਉਨ੍ਹਾਂ ਨੌਜਵਾਨਾਂ ਨੂੰ ਉਨ੍ਹਾਂ ਦੇ ਦਰਸਾਏ ਮਾਰਗ ਤੇ ਚੱਲਣ ਦੀ ਅਪੀਲ ਕੀਤੀ। ਸ਼ਹਿਰ ਵਿਖੇ ਅੱਜ ਸਮਾਗਮ ਕਰਵਾਇਆ ਗਿਆ ਜਿਸ ਵਿਚ ਵੱਡੀ ਗਿਣਤੀ ਵਿਚ ਲੋਕਾਂ ਨੇ ਸ਼ਮੂਲੀਅਤ ਕੀਤੀ ਅਤੇ ਸ਼ਹੀਦਾਂ ਨੂੰ ਸ਼ਰਧਾਂਜਲੀ ਭੇਟ ਕੀਤੀ ਗਈ। ਇਸ ਮੌਕੇ ਆਗੂਆਂ ਨੇ ਸੰਬੋਧਨ ਕਰਦਿਆਂ ਕਿਹਾ ਕਿ ਸ਼ਹੀਦਾਂ ਦੀਆਂ ਕੁਰਬਾਨੀਆਂ ਨੂੰ ਕਦੇ ਭੁਲਾਇਆ ਨਹੀਂ ਜਾ ਸਕਦਾ।
ਸੀਨੀਅਰ ਮੈਡੀਕਲ ਅਫ਼ਸਰ ਵਾਰਡ ਦਾ ਦੌਰਾ ਕਰਦੇ ਹੋਏ।
ਸਰਕਾਰੀ ਸਕੂਲ ਦੀ ਨਵੀਂ ਇਮਾਰਤ ਦਾ ਦ੍ਰਿਸ਼।
ਲੁਧਿਆਣਾ ਸਿਟੀ ਬੱਸਾਂ ਵਿਚ ਲੋਕਾਂ ਦੀ ਸੁਰੱਖਿਆ ਬਾਰੇ ਮੰਗ ਪੱਤਰ
ਸ਼ਹਿਰ ਵਿਖੇ ਅੱਜ ਸਮਾਗਮ ਕਰਵਾਇਆ ਗਿਆ ਜਿਸ ਵਿਚ ਵੱਡੀ ਗਿਣਤੀ ਵਿਚ ਲੋਕਾਂ ਨੇ ਸ਼ਮੂਲੀਅਤ ਕੀਤੀ ਅਤੇ ਸ਼ਹੀਦਾਂ ਨੂੰ ਸ਼ਰਧਾਂਜਲੀ ਭੇਟ ਕੀਤੀ ਗਈ। ਇਸ ਮੌਕੇ ਆਗੂਆਂ ਨੇ ਸੰਬੋਧਨ ਕਰਦਿਆਂ ਕਿਹਾ ਕਿ ਸ਼ਹੀਦਾਂ ਦੀਆਂ ਕੁਰਬਾਨੀਆਂ ਨੂੰ ਕਦੇ ਭੁਲਾਇਆ ਨਹੀਂ ਜਾ ਸਕਦਾ। ਉਨ੍ਹਾਂ ਨੌਜਵਾਨਾਂ ਨੂੰ ਉਨ੍ਹਾਂ ਦੇ ਦਰਸਾਏ ਮਾਰਗ ਤੇ ਚੱਲਣ ਦੀ ਅਪੀਲ ਕੀਤੀ। ਸ਼ਹਿਰ ਵਿਖੇ ਅੱਜ ਸਮਾਗਮ ਕਰਵਾਇਆ ਗਿਆ ਜਿਸ ਵਿਚ ਵੱਡੀ ਗਿਣਤੀ ਵਿਚ ਲੋਕਾਂ ਨੇ ਸ਼ਮੂਲੀਅਤ ਕੀਤੀ ਅਤੇ ਸ਼ਹੀਦਾਂ ਨੂੰ ਸ਼ਰਧਾਂਜਲੀ ਭੇਟ ਕੀਤੀ ਗਈ। ਇਸ ਮੌਕੇ ਆਗੂਆਂ ਨੇ ਸੰਬੋਧਨ ਕਰਦਿਆਂ ਕਿਹਾ ਕਿ ਸ਼ਹੀਦਾਂ ਦੀਆਂ ਕੁਰਬਾਨੀਆਂ ਨੂੰ ਕਦੇ ਭੁਲਾਇਆ ਨਹੀਂ ਜਾ ਸਕਦਾ। ਉਨ੍ਹਾਂ ਨੌਜਵਾਨਾਂ ਨੂੰ ਉਨ੍ਹਾਂ ਦੇ ਦਰਸਾਏ ਮਾਰਗ ਤੇ ਚੱਲਣ ਦੀ ਅਪੀਲ ਕੀਤੀ। ਸ਼ਹਿਰ ਵਿਖੇ ਅੱਜ ਸਮਾਗਮ ਕਰਵਾਇਆ ਗਿਆ ਜਿਸ ਵਿਚ ਵੱਡੀ ਗਿਣਤੀ ਵਿਚ ਲੋਕਾਂ ਨੇ ਸ਼ਮੂਲੀਅਤ ਕੀਤੀ ਅਤੇ ਸ਼ਹੀਦਾਂ ਨੂੰ ਸ਼ਰਧਾਂਜਲੀ ਭੇਟ ਕੀਤੀ ਗਈ। ਇਸ ਮੌਕੇ ਆਗੂਆਂ ਨੇ ਸੰਬੋਧਨ ਕਰਦਿਆਂ ਕਿਹਾ ਕਿ ਸ਼ਹੀਦਾਂ ਦੀਆਂ ਕੁਰਬਾਨੀਆਂ ਨੂੰ ਕਦੇ ਭੁਲਾਇਆ ਨਹੀਂ ਜਾ ਸਕਦਾ।
ਸ਼ਹਿਰ ਵਿਖੇ ਅੱਜ ਸਮਾਗਮ ਕਰਵਾਇਆ ਗਿਆ ਜਿਸ ਵਿਚ ਵੱਡੀ ਗਿਣਤੀ ਵਿਚ ਲੋਕਾਂ ਨੇ ਸ਼ਮੂਲੀਅਤ ਕੀਤੀ ਅਤੇ ਸ਼ਹੀਦਾਂ ਨੂੰ ਸ਼ਰਧਾਂਜਲੀ ਭੇਟ ਕੀਤੀ ਗਈ। ਇਸ ਮੌਕੇ ਆਗੂਆਂ ਨੇ ਸੰਬੋਧਨ ਕਰਦਿਆਂ ਕਿਹਾ ਕਿ ਸ਼ਹੀਦਾਂ ਦੀਆਂ ਕੁਰਬਾਨੀਆਂ ਨੂੰ ਕਦੇ ਭੁਲਾਇਆ ਨਹੀਂ ਜਾ ਸਕਦਾ। ਉਨ੍ਹਾਂ ਨੌਜਵਾਨਾਂ ਨੂੰ ਉਨ੍ਹਾਂ ਦੇ ਦਰਸਾਏ ਮਾਰਗ ਤੇ ਚੱਲਣ ਦੀ ਅਪੀਲ ਕੀਤੀ। ਸ਼ਹਿਰ ਵਿਖੇ ਅੱਜ ਸਮਾਗਮ ਕਰਵਾਇਆ ਗਿਆ ਜਿਸ ਵਿਚ ਵੱਡੀ ਗਿਣਤੀ ਵਿਚ ਲੋਕਾਂ ਨੇ ਸ਼ਮੂਲੀਅਤ ਕੀਤੀ ਅਤੇ ਸ਼ਹੀਦਾਂ ਨੂੰ ਸ਼ਰਧਾਂਜਲੀ ਭੇਟ ਕੀਤੀ ਗਈ। ਇਸ ਮੌਕੇ ਆਗੂਆਂ ਨੇ ਸੰਬੋਧਨ ਕਰਦਿਆਂ ਕਿਹਾ ਕਿ ਸ਼ਹੀਦਾਂ ਦੀਆਂ ਕੁਰਬਾਨੀਆਂ ਨੂੰ ਕਦੇ ਭੁਲਾਇਆ ਨਹੀਂ ਜਾ ਸਕਦਾ। ਉਨ੍ਹਾਂ ਨੌਜਵਾਨਾਂ ਨੂੰ ਉਨ੍ਹਾਂ ਦੇ ਦਰਸਾਏ ਮਾਰਗ ਤੇ ਚੱਲਣ ਦੀ ਅਪੀਲ ਕੀਤੀ। ਸ਼ਹਿਰ ਵਿਖੇ ਅੱਜ ਸਮਾਗਮ ਕਰਵਾਇਆ ਗਿਆ ਜਿਸ ਵਿਚ ਵੱਡੀ ਗਿਣਤੀ ਵਿਚ ਲੋਕਾਂ ਨੇ ਸ਼ਮੂਲੀਅਤ ਕੀਤੀ ਅਤੇ ਸ਼ਹੀਦਾਂ ਨੂੰ ਸ਼ਰਧਾਂਜਲੀ ਭੇਟ ਕੀਤੀ ਗਈ। ਇਸ ਮੌਕੇ ਆਗੂਆਂ ਨੇ ਸੰਬੋਧਨ ਕਰਦਿਆਂ ਕਿਹਾ ਕਿ ਸ਼ਹੀਦਾਂ ਦੀਆਂ ਕੁਰਬਾਨੀਆਂ ਨੂੰ ਕਦੇ ਭੁਲਾਇਆ ਨਹੀਂ ਜਾ ਸਕਦਾ।
82 ਲੱਖ ਦੀ ਲਾਗਤ ਨਾਲ ਕਰਵਾਇਆ ਸਕੂਲ, ਸਹਾਇਕ ਪਰੋਜੈਕਟ ਹੋਏ ਸਰਕਾਰ ਦੀ ਯੋਜਨਾ
ਸ਼ਹਿਰ ਵਿਖੇ ਅੱਜ ਸਮਾਗਮ ਕਰਵਾਇਆ ਗਿਆ ਜਿਸ ਵਿਚ ਵੱਡੀ ਗਿਣਤੀ ਵਿਚ ਲੋਕਾਂ ਨੇ ਸ਼ਮੂਲੀਅਤ ਕੀਤੀ ਅਤੇ ਸ਼ਹੀਦਾਂ ਨੂੰ ਸ਼ਰਧਾਂਜਲੀ ਭੇਟ ਕੀਤੀ ਗਈ। ਇਸ ਮੌਕੇ ਆਗੂਆਂ ਨੇ ਸੰਬੋਧਨ ਕਰਦਿਆਂ ਕਿਹਾ ਕਿ ਸ਼ਹੀਦਾਂ ਦੀਆਂ ਕੁਰਬਾਨੀਆਂ ਨੂੰ ਕਦੇ ਭੁਲਾਇਆ ਨਹੀਂ ਜਾ ਸਕਦਾ। ਉਨ੍ਹਾਂ ਨੌਜਵਾਨਾਂ ਨੂੰ ਉਨ੍ਹਾਂ ਦੇ ਦਰਸਾਏ ਮਾਰਗ ਤੇ ਚੱਲਣ ਦੀ ਅਪੀਲ ਕੀਤੀ। ਸ਼ਹਿਰ ਵਿਖੇ ਅੱਜ ਸਮਾਗਮ ਕਰਵਾਇਆ ਗਿਆ ਜਿਸ ਵਿਚ ਵੱਡੀ ਗਿਣਤੀ ਵਿਚ ਲੋਕਾਂ ਨੇ ਸ਼ਮੂਲੀਅਤ ਕੀਤੀ ਅਤੇ ਸ਼ਹੀਦਾਂ ਨੂੰ ਸ਼ਰਧਾਂਜਲੀ ਭੇਟ ਕੀਤੀ ਗਈ। ਇਸ ਮੌਕੇ ਆਗੂਆਂ ਨੇ ਸੰਬੋਧਨ ਕਰਦਿਆਂ ਕਿਹਾ ਕਿ ਸ਼ਹੀਦਾਂ ਦੀਆਂ ਕੁਰਬਾਨੀਆਂ ਨੂੰ ਕਦੇ ਭੁਲਾਇਆ ਨਹੀਂ ਜਾ ਸਕਦਾ। ਉਨ੍ਹਾਂ ਨੌਜਵਾਨਾਂ ਨੂੰ ਉਨ੍ਹਾਂ ਦੇ ਦਰਸਾਏ ਮਾਰਗ ਤੇ ਚੱਲਣ ਦੀ ਅਪੀਲ ਕੀਤੀ। ਸ਼ਹਿਰ ਵਿਖੇ ਅੱਜ ਸਮਾਗਮ ਕਰਵਾਇਆ ਗਿਆ ਜਿਸ ਵਿਚ ਵੱਡੀ ਗਿਣਤੀ ਵਿਚ ਲੋਕਾਂ ਨੇ ਸ਼ਮੂਲੀਅਤ ਕੀਤੀ ਅਤੇ ਸ਼ਹੀਦਾਂ ਨੂੰ ਸ਼ਰਧਾਂਜਲੀ ਭੇਟ ਕੀਤੀ ਗਈ। ਇਸ ਮੌਕੇ ਆਗੂਆਂ ਨੇ ਸੰਬੋਧਨ ਕਰਦਿਆਂ ਕਿਹਾ ਕਿ ਸ਼ਹੀਦਾਂ ਦੀਆਂ ਕੁਰਬਾਨੀਆਂ ਨੂੰ ਕਦੇ ਭੁਲਾਇਆ ਨਹੀਂ ਜਾ ਸਕਦਾ।
ਸ਼ਹਿਰ ਵਿਖੇ ਅੱਜ ਸਮਾਗਮ ਕਰਵਾਇਆ ਗਿਆ ਜਿਸ ਵਿਚ ਵੱਡੀ ਗਿਣਤੀ ਵਿਚ ਲੋਕਾਂ ਨੇ ਸ਼ਮੂਲੀਅਤ ਕੀਤੀ ਅਤੇ ਸ਼ਹੀਦਾਂ ਨੂੰ ਸ਼ਰਧਾਂਜਲੀ ਭੇਟ ਕੀਤੀ ਗਈ। ਇਸ ਮੌਕੇ ਆਗੂਆਂ ਨੇ ਸੰਬੋਧਨ ਕਰਦਿਆਂ ਕਿਹਾ ਕਿ ਸ਼ਹੀਦਾਂ ਦੀਆਂ ਕੁਰਬਾਨੀਆਂ ਨੂੰ ਕਦੇ ਭੁਲਾਇਆ ਨਹੀਂ ਜਾ ਸਕਦਾ। ਉਨ੍ਹਾਂ ਨੌਜਵਾਨਾਂ ਨੂੰ ਉਨ੍ਹਾਂ ਦੇ ਦਰਸਾਏ ਮਾਰਗ ਤੇ ਚੱਲਣ ਦੀ ਅਪੀਲ ਕੀਤੀ। ਸ਼ਹਿਰ ਵਿਖੇ ਅੱਜ ਸਮਾਗਮ ਕਰਵਾਇਆ ਗਿਆ ਜਿਸ ਵਿਚ ਵੱਡੀ ਗਿਣਤੀ ਵਿਚ ਲੋਕਾਂ ਨੇ ਸ਼ਮੂਲੀਅਤ ਕੀਤੀ ਅਤੇ ਸ਼ਹੀਦਾਂ ਨੂੰ ਸ਼ਰਧਾਂਜਲੀ ਭੇਟ ਕੀਤੀ ਗਈ। ਇਸ ਮੌਕੇ ਆਗੂਆਂ ਨੇ ਸੰਬੋਧਨ ਕਰਦਿਆਂ ਕਿਹਾ ਕਿ ਸ਼ਹੀਦਾਂ ਦੀਆਂ ਕੁਰਬਾਨੀਆਂ ਨੂੰ ਕਦੇ ਭੁਲਾਇਆ ਨਹੀਂ ਜਾ ਸਕਦਾ। ਉਨ੍ਹਾਂ ਨੌਜਵਾਨਾਂ ਨੂੰ ਉਨ੍ਹਾਂ ਦੇ ਦਰਸਾਏ ਮਾਰਗ ਤੇ ਚੱਲਣ ਦੀ ਅਪੀਲ ਕੀਤੀ। ਸ਼ਹਿਰ ਵਿਖੇ ਅੱਜ ਸਮਾਗਮ ਕਰਵਾਇਆ ਗਿਆ ਜਿਸ ਵਿਚ ਵੱਡੀ ਗਿਣਤੀ ਵਿਚ ਲੋਕਾਂ ਨੇ ਸ਼ਮੂਲੀਅਤ ਕੀਤੀ ਅਤੇ ਸ਼ਹੀਦਾਂ ਨੂੰ ਸ਼ਰਧਾਂਜਲੀ ਭੇਟ ਕੀਤੀ ਗਈ। ਇਸ ਮੌਕੇ ਆਗੂਆਂ ਨੇ ਸੰਬੋਧਨ ਕਰਦਿਆਂ ਕਿਹਾ ਕਿ ਸ਼ਹੀਦਾਂ ਦੀਆਂ ਕੁਰਬਾਨੀਆਂ ਨੂੰ ਕਦੇ ਭੁਲਾਇਆ ਨਹੀਂ ਜਾ ਸਕਦਾ।
ਸ਼ਹਿਰ ਵਿਖੇ ਅੱਜ ਸਮਾਗਮ ਕਰਵਾਇਆ ਗਿਆ ਜਿਸ ਵਿਚ ਵੱਡੀ ਗਿਣਤੀ ਵਿਚ ਲੋਕਾਂ ਨੇ ਸ਼ਮੂਲੀਅਤ ਕੀਤੀ ਅਤੇ ਸ਼ਹੀਦਾਂ ਨੂੰ ਸ਼ਰਧਾਂਜਲੀ ਭੇਟ ਕੀਤੀ ਗਈ। ਇਸ ਮੌਕੇ ਆਗੂਆਂ ਨੇ ਸੰਬੋਧਨ ਕਰਦਿਆਂ ਕਿਹਾ ਕਿ ਸ਼ਹੀਦਾਂ ਦੀਆਂ ਕੁਰਬਾਨੀਆਂ ਨੂੰ ਕਦੇ ਭੁਲਾਇਆ ਨਹੀਂ ਜਾ ਸਕਦਾ। ਉਨ੍ਹਾਂ ਨੌਜਵਾਨਾਂ ਨੂੰ ਉਨ੍ਹਾਂ ਦੇ ਦਰਸਾਏ ਮਾਰਗ ਤੇ ਚੱਲਣ ਦੀ ਅਪੀਲ ਕੀਤੀ। ਸ਼ਹਿਰ ਵਿਖੇ ਅੱਜ ਸਮਾਗਮ ਕਰਵਾਇਆ ਗਿਆ ਜਿਸ ਵਿਚ ਵੱਡੀ ਗਿਣਤੀ ਵਿਚ ਲੋਕਾਂ ਨੇ ਸ਼ਮੂਲੀਅਤ ਕੀਤੀ ਅਤੇ ਸ਼ਹੀਦਾਂ ਨੂੰ ਸ਼ਰਧਾਂਜਲੀ ਭੇਟ ਕੀਤੀ ਗਈ। ਇਸ ਮੌਕੇ ਆਗੂਆਂ ਨੇ ਸੰਬੋਧਨ ਕਰਦਿਆਂ ਕਿਹਾ ਕਿ ਸ਼ਹੀਦਾਂ ਦੀਆਂ ਕੁਰਬਾਨੀਆਂ ਨੂੰ ਕਦੇ ਭੁਲਾਇਆ ਨਹੀਂ ਜਾ ਸਕਦਾ। ਉਨ੍ਹਾਂ ਨੌਜਵਾਨਾਂ ਨੂੰ ਉਨ੍ਹਾਂ ਦੇ ਦਰਸਾਏ ਮਾਰਗ ਤੇ ਚੱਲਣ ਦੀ ਅਪੀਲ ਕੀਤੀ। ਸ਼ਹਿਰ ਵਿਖੇ ਅੱਜ ਸਮਾਗਮ ਕਰਵਾਇਆ ਗਿਆ ਜਿਸ ਵਿਚ ਵੱਡੀ ਗਿਣਤੀ ਵਿਚ ਲੋਕਾਂ ਨੇ ਸ਼ਮੂਲੀਅਤ ਕੀਤੀ ਅਤੇ ਸ਼ਹੀਦਾਂ ਨੂੰ ਸ਼ਰਧਾਂਜਲੀ ਭੇਟ ਕੀਤੀ ਗਈ। ਇਸ ਮੌਕੇ ਆਗੂਆਂ ਨੇ ਸੰਬੋਧਨ ਕਰਦਿਆਂ ਕਿਹਾ ਕਿ ਸ਼ਹੀਦਾਂ ਦੀਆਂ ਕੁਰਬਾਨੀਆਂ ਨੂੰ ਕਦੇ ਭੁਲਾਇਆ ਨਹੀਂ ਜਾ ਸਕਦਾ।
ਸ਼ਹਿਰ ਵਿਖੇ ਅੱਜ ਸਮਾਗਮ ਕਰਵਾਇਆ ਗਿਆ ਜਿਸ ਵਿਚ ਵੱਡੀ ਗਿਣਤੀ ਵਿਚ ਲੋਕਾਂ ਨੇ ਸ਼ਮੂਲੀਅਤ ਕੀਤੀ ਅਤੇ ਸ਼ਹੀਦਾਂ ਨੂੰ ਸ਼ਰਧਾਂਜਲੀ ਭੇਟ ਕੀਤੀ ਗਈ। ਇਸ ਮੌਕੇ ਆਗੂਆਂ ਨੇ ਸੰਬੋਧਨ ਕਰਦਿਆਂ ਕਿਹਾ ਕਿ ਸ਼ਹੀਦਾਂ ਦੀਆਂ ਕੁਰਬਾਨੀਆਂ ਨੂੰ ਕਦੇ ਭੁਲਾਇਆ ਨਹੀਂ ਜਾ ਸਕਦਾ। ਉਨ੍ਹਾਂ ਨੌਜਵਾਨਾਂ ਨੂੰ ਉਨ੍ਹਾਂ ਦੇ ਦਰਸਾਏ ਮਾਰਗ ਤੇ ਚੱਲਣ ਦੀ ਅਪੀਲ ਕੀਤੀ। ਸ਼ਹਿਰ ਵਿਖੇ ਅੱਜ ਸਮਾਗਮ ਕਰਵਾਇਆ ਗਿਆ ਜਿਸ ਵਿਚ ਵੱਡੀ ਗਿਣਤੀ ਵਿਚ ਲੋਕਾਂ ਨੇ ਸ਼ਮੂਲੀਅਤ ਕੀਤੀ ਅਤੇ ਸ਼ਹੀਦਾਂ ਨੂੰ ਸ਼ਰਧਾਂਜਲੀ ਭੇਟ ਕੀਤੀ ਗਈ। ਇਸ ਮੌਕੇ ਆਗੂਆਂ ਨੇ ਸੰਬੋਧਨ ਕਰਦਿਆਂ ਕਿਹਾ ਕਿ ਸ਼ਹੀਦਾਂ ਦੀਆਂ ਕੁਰਬਾਨੀਆਂ ਨੂੰ ਕਦੇ ਭੁਲਾਇਆ ਨਹੀਂ ਜਾ ਸਕਦਾ। ਉਨ੍ਹਾਂ ਨੌਜਵਾਨਾਂ ਨੂੰ ਉਨ੍ਹਾਂ ਦੇ ਦਰਸਾਏ ਮਾਰਗ ਤੇ ਚੱਲਣ ਦੀ ਅਪੀਲ ਕੀਤੀ। ਸ਼ਹਿਰ ਵਿਖੇ ਅੱਜ ਸਮਾਗਮ ਕਰਵਾਇਆ ਗਿਆ ਜਿਸ ਵਿਚ ਵੱਡੀ ਗਿਣਤੀ ਵਿਚ ਲੋਕਾਂ ਨੇ ਸ਼ਮੂਲੀਅਤ ਕੀਤੀ ਅਤੇ ਸ਼ਹੀਦਾਂ ਨੂੰ ਸ਼ਰਧਾਂਜਲੀ ਭੇਟ ਕੀਤੀ ਗਈ। ਇਸ ਮੌਕੇ ਆਗੂਆਂ ਨੇ ਸੰਬੋਧਨ ਕਰਦਿਆਂ ਕਿਹਾ ਕਿ ਸ਼ਹੀਦਾਂ ਦੀਆਂ ਕੁਰਬਾਨੀਆਂ ਨੂੰ ਕਦੇ ਭੁਲਾਇਆ ਨਹੀਂ ਜਾ ਸਕਦਾ।
ਸ਼ਹਿਰ ਵਿਖੇ ਅੱਜ ਸਮਾਗਮ ਕਰਵਾਇਆ ਗਿਆ ਜਿਸ ਵਿਚ ਵੱਡੀ ਗਿਣਤੀ ਵਿਚ ਲੋਕਾਂ ਨੇ ਸ਼ਮੂਲੀਅਤ ਕੀਤੀ ਅਤੇ ਸ਼ਹੀਦਾਂ ਨੂੰ ਸ਼ਰਧਾਂਜਲੀ ਭੇਟ ਕੀਤੀ ਗਈ। ਇਸ ਮੌਕੇ ਆਗੂਆਂ ਨੇ ਸੰਬੋਧਨ ਕਰਦਿਆਂ ਕਿਹਾ ਕਿ ਸ਼ਹੀਦਾਂ ਦੀਆਂ ਕੁਰਬਾਨੀਆਂ ਨੂੰ ਕਦੇ ਭੁਲਾਇਆ ਨਹੀਂ ਜਾ ਸਕਦਾ। ਉਨ੍ਹਾਂ ਨੌਜਵਾਨਾਂ ਨੂੰ ਉਨ੍ਹਾਂ ਦੇ ਦਰਸਾਏ ਮਾਰਗ ਤੇ ਚੱਲਣ ਦੀ ਅਪੀਲ ਕੀਤੀ। ਸ਼ਹਿਰ ਵਿਖੇ ਅੱਜ ਸਮਾਗਮ ਕਰਵਾਇਆ ਗਿਆ ਜਿਸ ਵਿਚ ਵੱਡੀ ਗਿਣਤੀ ਵਿਚ ਲੋਕਾਂ ਨੇ ਸ਼ਮੂਲੀਅਤ ਕੀਤੀ ਅਤੇ ਸ਼ਹੀਦਾਂ ਨੂੰ ਸ਼ਰਧਾਂਜਲੀ ਭੇਟ ਕੀਤੀ ਗਈ। ਇਸ ਮੌਕੇ ਆਗੂਆਂ ਨੇ ਸੰਬੋਧਨ ਕਰਦਿਆਂ ਕਿਹਾ ਕਿ ਸ਼ਹੀਦਾਂ ਦੀਆਂ ਕੁਰਬਾਨੀਆਂ ਨੂੰ ਕਦੇ ਭੁਲਾਇਆ ਨਹੀਂ ਜਾ ਸਕਦਾ। ਉਨ੍ਹਾਂ ਨੌਜਵਾਨਾਂ ਨੂੰ ਉਨ੍ਹਾਂ ਦੇ ਦਰਸਾਏ ਮਾਰਗ ਤੇ ਚੱਲਣ ਦੀ ਅਪੀਲ ਕੀਤੀ। ਸ਼ਹਿਰ ਵਿਖੇ ਅੱਜ ਸਮਾਗਮ ਕਰਵਾਇਆ ਗਿਆ ਜਿਸ ਵਿਚ ਵੱਡੀ ਗਿਣਤੀ ਵਿਚ ਲੋਕਾਂ ਨੇ ਸ਼ਮੂਲੀਅਤ ਕੀਤੀ ਅਤੇ ਸ਼ਹੀਦਾਂ ਨੂੰ ਸ਼ਰਧਾਂਜਲੀ ਭੇਟ ਕੀਤੀ ਗਈ। ਇਸ ਮੌਕੇ ਆਗੂਆਂ ਨੇ ਸੰਬੋਧਨ ਕਰਦਿਆਂ ਕਿਹਾ ਕਿ ਸ਼ਹੀਦਾਂ ਦੀਆਂ ਕੁਰਬਾਨੀਆਂ ਨੂੰ ਕਦੇ ਭੁਲਾਇਆ ਨਹੀਂ ਜਾ ਸਕਦਾ।
ਸ਼ਹਿਰ ਵਿਖੇ ਅੱਜ ਸਮਾਗਮ ਕਰਵਾਇਆ ਗਿਆ ਜਿਸ ਵਿਚ ਵੱਡੀ ਗਿਣਤੀ ਵਿਚ ਲੋਕਾਂ ਨੇ ਸ਼ਮੂਲੀਅਤ ਕੀਤੀ ਅਤੇ ਸ਼ਹੀਦਾਂ ਨੂੰ ਸ਼ਰਧਾਂਜਲੀ ਭੇਟ ਕੀਤੀ ਗਈ। ਇਸ ਮੌਕੇ ਆਗੂਆਂ ਨੇ ਸੰਬੋਧਨ ਕਰਦਿਆਂ ਕਿਹਾ ਕਿ ਸ਼ਹੀਦਾਂ ਦੀਆਂ ਕੁਰਬਾਨੀਆਂ ਨੂੰ ਕਦੇ ਭੁਲਾਇਆ ਨਹੀਂ ਜਾ ਸਕਦਾ। ਉਨ੍ਹਾਂ ਨੌਜਵਾਨਾਂ ਨੂੰ ਉਨ੍ਹਾਂ ਦੇ ਦਰਸਾਏ ਮਾਰਗ ਤੇ ਚੱਲਣ ਦੀ ਅਪੀਲ ਕੀਤੀ। ਸ਼ਹਿਰ ਵਿਖੇ ਅੱਜ ਸਮਾਗਮ ਕਰਵਾਇਆ ਗਿਆ ਜਿਸ ਵਿਚ ਵੱਡੀ ਗਿਣਤੀ ਵਿਚ ਲੋਕਾਂ ਨੇ ਸ਼ਮੂਲੀਅਤ ਕੀਤੀ ਅਤੇ ਸ਼ਹੀਦਾਂ ਨੂੰ ਸ਼ਰਧਾਂਜਲੀ ਭੇਟ ਕੀਤੀ ਗਈ। ਇਸ ਮੌਕੇ ਆਗੂਆਂ ਨੇ ਸੰਬੋਧਨ ਕਰਦਿਆਂ ਕਿਹਾ ਕਿ ਸ਼ਹੀਦਾਂ ਦੀਆਂ ਕੁਰਬਾਨੀਆਂ ਨੂੰ ਕਦੇ ਭੁਲਾਇਆ ਨਹੀਂ ਜਾ ਸਕਦਾ। ਉਨ੍ਹਾਂ ਨੌਜਵਾਨਾਂ ਨੂੰ ਉਨ੍ਹਾਂ ਦੇ ਦਰਸਾਏ ਮਾਰਗ ਤੇ ਚੱਲਣ ਦੀ ਅਪੀਲ ਕੀਤੀ। ਸ਼ਹਿਰ ਵਿਖੇ ਅੱਜ ਸਮਾਗਮ ਕਰਵਾਇਆ ਗਿਆ ਜਿਸ ਵਿਚ ਵੱਡੀ ਗਿਣਤੀ ਵਿਚ ਲੋਕਾਂ ਨੇ ਸ਼ਮੂਲੀਅਤ ਕੀਤੀ ਅਤੇ ਸ਼ਹੀਦਾਂ ਨੂੰ ਸ਼ਰਧਾਂਜਲੀ ਭੇਟ ਕੀਤੀ ਗਈ। ਇਸ ਮੌਕੇ ਆਗੂਆਂ ਨੇ ਸੰਬੋਧਨ ਕਰਦਿਆਂ ਕਿਹਾ ਕਿ ਸ਼ਹੀਦਾਂ ਦੀਆਂ ਕੁਰਬਾਨੀਆਂ ਨੂੰ ਕਦੇ ਭੁਲਾਇਆ ਨਹੀਂ ਜਾ ਸਕਦਾ।
ਸ਼ਹਿਰ ਵਿਖੇ ਅੱਜ ਸਮਾਗਮ ਕਰਵਾਇਆ ਗਿਆ ਜਿਸ ਵਿਚ ਵੱਡੀ ਗਿਣਤੀ ਵਿਚ ਲੋਕਾਂ ਨੇ ਸ਼ਮੂਲੀਅਤ ਕੀਤੀ ਅਤੇ ਸ਼ਹੀਦਾਂ ਨੂੰ ਸ਼ਰਧਾਂਜਲੀ ਭੇਟ ਕੀਤੀ ਗਈ। ਇਸ ਮੌਕੇ ਆਗੂਆਂ ਨੇ ਸੰਬੋਧਨ ਕਰਦਿਆਂ ਕਿਹਾ ਕਿ ਸ਼ਹੀਦਾਂ ਦੀਆਂ ਕੁਰਬਾਨੀਆਂ ਨੂੰ ਕਦੇ ਭੁਲਾਇਆ ਨਹੀਂ ਜਾ ਸਕਦਾ। ਉਨ੍ਹਾਂ ਨੌਜਵਾਨਾਂ ਨੂੰ ਉਨ੍ਹਾਂ ਦੇ ਦਰਸਾਏ ਮਾਰਗ ਤੇ ਚੱਲਣ ਦੀ ਅਪੀਲ ਕੀਤੀ। ਸ਼ਹਿਰ ਵਿਖੇ ਅੱਜ ਸਮਾਗਮ ਕਰਵਾਇਆ ਗਿਆ ਜਿਸ ਵਿਚ ਵੱਡੀ ਗਿਣਤੀ ਵਿਚ ਲੋਕਾਂ ਨੇ ਸ਼ਮੂਲੀਅਤ ਕੀਤੀ ਅਤੇ ਸ਼ਹੀਦਾਂ ਨੂੰ ਸ਼ਰਧਾਂਜਲੀ ਭੇਟ ਕੀਤੀ ਗਈ। ਇਸ ਮੌਕੇ ਆਗੂਆਂ ਨੇ ਸੰਬੋਧਨ ਕਰਦਿਆਂ ਕਿਹਾ ਕਿ ਸ਼ਹੀਦਾਂ ਦੀਆਂ ਕੁਰਬਾਨੀਆਂ ਨੂੰ ਕਦੇ ਭੁਲਾਇਆ ਨਹੀਂ ਜਾ ਸਕਦਾ। ਉਨ੍ਹਾਂ ਨੌਜਵਾਨਾਂ ਨੂੰ ਉਨ੍ਹਾਂ ਦੇ ਦਰਸਾਏ ਮਾਰਗ ਤੇ ਚੱਲਣ ਦੀ ਅਪੀਲ ਕੀਤੀ। ਸ਼ਹਿਰ ਵਿਖੇ ਅੱਜ ਸਮਾਗਮ ਕਰਵਾਇਆ ਗਿਆ ਜਿਸ ਵਿਚ ਵੱਡੀ ਗਿਣਤੀ ਵਿਚ ਲੋਕਾਂ ਨੇ ਸ਼ਮੂਲੀਅਤ ਕੀਤੀ ਅਤੇ ਸ਼ਹੀਦਾਂ ਨੂੰ ਸ਼ਰਧਾਂਜਲੀ ਭੇਟ ਕੀਤੀ ਗਈ। ਇਸ ਮੌਕੇ ਆਗੂਆਂ ਨੇ ਸੰਬੋਧਨ ਕਰਦਿਆਂ ਕਿਹਾ ਕਿ ਸ਼ਹੀਦਾਂ ਦੀਆਂ ਕੁਰਬਾਨੀਆਂ ਨੂੰ ਕਦੇ ਭੁਲਾਇਆ ਨਹੀਂ ਜਾ ਸਕਦਾ।
ਭਾਜਪਾ ਨੇ ਬਠਿੰਡਾ 'ਚ ਪੰਜਾਬ ਸਰਕਾਰ ਦਾ ਫੂਕਿਆ ਪੁਤਲਾ, ਗ੍ਰਿਫ਼ਤਾਰੀਆਂ ਲਈ ਮੰਗ
ਸ਼ਹਿਰ ਵਿਖੇ ਅੱਜ ਸਮਾਗਮ ਕਰਵਾਇਆ ਗਿਆ ਜਿਸ ਵਿਚ ਵੱਡੀ ਗਿਣਤੀ ਵਿਚ ਲੋਕਾਂ ਨੇ ਸ਼ਮੂਲੀਅਤ ਕੀਤੀ ਅਤੇ ਸ਼ਹੀਦਾਂ ਨੂੰ ਸ਼ਰਧਾਂਜਲੀ ਭੇਟ ਕੀਤੀ ਗਈ। ਇਸ ਮੌਕੇ ਆਗੂਆਂ ਨੇ ਸੰਬੋਧਨ ਕਰਦਿਆਂ ਕਿਹਾ ਕਿ ਸ਼ਹੀਦਾਂ ਦੀਆਂ ਕੁਰਬਾਨੀਆਂ ਨੂੰ ਕਦੇ ਭੁਲਾਇਆ ਨਹੀਂ ਜਾ ਸਕਦਾ। ਉਨ੍ਹਾਂ ਨੌਜਵਾਨਾਂ ਨੂੰ ਉਨ੍ਹਾਂ ਦੇ ਦਰਸਾਏ ਮਾਰਗ ਤੇ ਚੱਲਣ ਦੀ ਅਪੀਲ ਕੀਤੀ। ਸ਼ਹਿਰ ਵਿਖੇ ਅੱਜ ਸਮਾਗਮ ਕਰਵਾਇਆ ਗਿਆ ਜਿਸ ਵਿਚ ਵੱਡੀ ਗਿਣਤੀ ਵਿਚ ਲੋਕਾਂ ਨੇ ਸ਼ਮੂਲੀਅਤ ਕੀਤੀ ਅਤੇ ਸ਼ਹੀਦਾਂ ਨੂੰ ਸ਼ਰਧਾਂਜਲੀ ਭੇਟ ਕੀਤੀ ਗਈ। ਇਸ ਮੌਕੇ ਆਗੂਆਂ ਨੇ ਸੰਬੋਧਨ ਕਰਦਿਆਂ ਕਿਹਾ ਕਿ ਸ਼ਹੀਦਾਂ ਦੀਆਂ ਕੁਰਬਾਨੀਆਂ ਨੂੰ ਕਦੇ ਭੁਲਾਇਆ ਨਹੀਂ ਜਾ ਸਕਦਾ। ਉਨ੍ਹਾਂ ਨੌਜਵਾਨਾਂ ਨੂੰ ਉਨ੍ਹਾਂ ਦੇ ਦਰਸਾਏ ਮਾਰਗ ਤੇ ਚੱਲਣ ਦੀ ਅਪੀਲ ਕੀਤੀ। ਸ਼ਹਿਰ ਵਿਖੇ ਅੱਜ ਸਮਾਗਮ ਕਰਵਾਇਆ ਗਿਆ ਜਿਸ ਵਿਚ ਵੱਡੀ ਗਿਣਤੀ ਵਿਚ ਲੋਕਾਂ ਨੇ ਸ਼ਮੂਲੀਅਤ ਕੀਤੀ ਅਤੇ ਸ਼ਹੀਦਾਂ ਨੂੰ ਸ਼ਰਧਾਂਜਲੀ ਭੇਟ ਕੀਤੀ ਗਈ। ਇਸ ਮੌਕੇ ਆਗੂਆਂ ਨੇ ਸੰਬੋਧਨ ਕਰਦਿਆਂ ਕਿਹਾ ਕਿ ਸ਼ਹੀਦਾਂ ਦੀਆਂ ਕੁਰਬਾਨੀਆਂ ਨੂੰ ਕਦੇ ਭੁਲਾਇਆ ਨਹੀਂ ਜਾ ਸਕਦਾ।
ਪਿਛਲੇ ਦੋ ਸਾਲਾਂ ਤੋਂ ਸਰਕਾਰ ਦੀ ਪਾਲਿਸੀ ਤੇ ਮੁੜ ਵਾਪਸ
ਸ਼ਹਿਰ ਵਿਖੇ ਅੱਜ ਸਮਾਗਮ ਕਰਵਾਇਆ ਗਿਆ ਜਿਸ ਵਿਚ ਵੱਡੀ ਗਿਣਤੀ ਵਿਚ ਲੋਕਾਂ ਨੇ ਸ਼ਮੂਲੀਅਤ ਕੀਤੀ ਅਤੇ ਸ਼ਹੀਦਾਂ ਨੂੰ ਸ਼ਰਧਾਂਜਲੀ ਭੇਟ ਕੀਤੀ ਗਈ। ਇਸ ਮੌਕੇ ਆਗੂਆਂ ਨੇ ਸੰਬੋਧਨ ਕਰਦਿਆਂ ਕਿਹਾ ਕਿ ਸ਼ਹੀਦਾਂ ਦੀਆਂ ਕੁਰਬਾਨੀਆਂ ਨੂੰ ਕਦੇ ਭੁਲਾਇਆ ਨਹੀਂ ਜਾ ਸਕਦਾ। ਉਨ੍ਹਾਂ ਨੌਜਵਾਨਾਂ ਨੂੰ ਉਨ੍ਹਾਂ ਦੇ ਦਰਸਾਏ ਮਾਰਗ ਤੇ ਚੱਲਣ ਦੀ ਅਪੀਲ ਕੀਤੀ। ਸ਼ਹਿਰ ਵਿਖੇ ਅੱਜ ਸਮਾਗਮ ਕਰਵਾਇਆ ਗਿਆ ਜਿਸ ਵਿਚ ਵੱਡੀ ਗਿਣਤੀ ਵਿਚ ਲੋਕਾਂ ਨੇ ਸ਼ਮੂਲੀਅਤ ਕੀਤੀ ਅਤੇ ਸ਼ਹੀਦਾਂ ਨੂੰ ਸ਼ਰਧਾਂਜਲੀ ਭੇਟ ਕੀਤੀ ਗਈ। ਇਸ ਮੌਕੇ ਆਗੂਆਂ ਨੇ ਸੰਬੋਧਨ ਕਰਦਿਆਂ ਕਿਹਾ ਕਿ ਸ਼ਹੀਦਾਂ ਦੀਆਂ ਕੁਰਬਾਨੀਆਂ ਨੂੰ ਕਦੇ ਭੁਲਾਇਆ ਨਹੀਂ ਜਾ ਸਕਦਾ। ਉਨ੍ਹਾਂ ਨੌਜਵਾਨਾਂ ਨੂੰ ਉਨ੍ਹਾਂ ਦੇ ਦਰਸਾਏ ਮਾਰਗ ਤੇ ਚੱਲਣ ਦੀ ਅਪੀਲ ਕੀਤੀ। ਸ਼ਹਿਰ ਵਿਖੇ ਅੱਜ ਸਮਾਗਮ ਕਰਵਾਇਆ ਗਿਆ ਜਿਸ ਵਿਚ ਵੱਡੀ ਗਿਣਤੀ ਵਿਚ ਲੋਕਾਂ ਨੇ ਸ਼ਮੂਲੀਅਤ ਕੀਤੀ ਅਤੇ ਸ਼ਹੀਦਾਂ ਨੂੰ ਸ਼ਰਧਾਂਜਲੀ ਭੇਟ ਕੀਤੀ ਗਈ। ਇਸ ਮੌਕੇ ਆਗੂਆਂ ਨੇ ਸੰਬੋਧਨ ਕਰਦਿਆਂ ਕਿਹਾ ਕਿ ਸ਼ਹੀਦਾਂ ਦੀਆਂ ਕੁਰਬਾਨੀਆਂ ਨੂੰ ਕਦੇ ਭੁਲਾਇਆ ਨਹੀਂ ਜਾ ਸਕਦਾ।
ਸ਼ਹਿਰ ਵਿਖੇ ਅੱਜ ਸਮਾਗਮ ਕਰਵਾਇਆ ਗਿਆ ਜਿਸ ਵਿਚ ਵੱਡੀ ਗਿਣਤੀ ਵਿਚ ਲੋਕਾਂ ਨੇ ਸ਼ਮੂਲੀਅਤ ਕੀਤੀ ਅਤੇ ਸ਼ਹੀਦਾਂ ਨੂੰ ਸ਼ਰਧਾਂਜਲੀ ਭੇਟ ਕੀਤੀ ਗਈ। ਇਸ ਮੌਕੇ ਆਗੂਆਂ ਨੇ ਸੰਬੋਧਨ ਕਰਦਿਆਂ ਕਿਹਾ ਕਿ ਸ਼ਹੀਦਾਂ ਦੀਆਂ ਕੁਰਬਾਨੀਆਂ ਨੂੰ ਕਦੇ ਭੁਲਾਇਆ ਨਹੀਂ ਜਾ ਸਕਦਾ। ਉਨ੍ਹਾਂ ਨੌਜਵਾਨਾਂ ਨੂੰ ਉਨ੍ਹਾਂ ਦੇ ਦਰਸਾਏ ਮਾਰਗ ਤੇ ਚੱਲਣ ਦੀ ਅਪੀਲ ਕੀਤੀ। ਸ਼ਹਿਰ ਵਿਖੇ ਅੱਜ ਸਮਾਗਮ ਕਰਵਾਇਆ ਗਿਆ ਜਿਸ ਵਿਚ ਵੱਡੀ ਗਿਣਤੀ ਵਿਚ ਲੋਕਾਂ ਨੇ ਸ਼ਮੂਲੀਅਤ ਕੀਤੀ ਅਤੇ ਸ਼ਹੀਦਾਂ ਨੂੰ ਸ਼ਰਧਾਂਜਲੀ ਭੇਟ ਕੀਤੀ ਗਈ। ਇਸ ਮੌਕੇ ਆਗੂਆਂ ਨੇ ਸੰਬੋਧਨ ਕਰਦਿਆਂ ਕਿਹਾ ਕਿ ਸ਼ਹੀਦਾਂ ਦੀਆਂ ਕੁਰਬਾਨੀਆਂ ਨੂੰ ਕਦੇ ਭੁਲਾਇਆ ਨਹੀਂ ਜਾ ਸਕਦਾ। ਉਨ੍ਹਾਂ ਨੌਜਵਾਨਾਂ ਨੂੰ ਉਨ੍ਹਾਂ ਦੇ ਦਰਸਾਏ ਮਾਰਗ ਤੇ ਚੱਲਣ ਦੀ ਅਪੀਲ ਕੀਤੀ। ਸ਼ਹਿਰ ਵਿਖੇ ਅੱਜ ਸਮਾਗਮ ਕਰਵਾਇਆ ਗਿਆ ਜਿਸ ਵਿਚ ਵੱਡੀ ਗਿਣਤੀ ਵਿਚ ਲੋਕਾਂ ਨੇ ਸ਼ਮੂਲੀਅਤ ਕੀਤੀ ਅਤੇ ਸ਼ਹੀਦਾਂ ਨੂੰ ਸ਼ਰਧਾਂਜਲੀ ਭੇਟ ਕੀਤੀ ਗਈ। ਇਸ ਮੌਕੇ ਆਗੂਆਂ ਨੇ ਸੰਬੋਧਨ ਕਰਦਿਆਂ ਕਿਹਾ ਕਿ ਸ਼ਹੀਦਾਂ ਦੀਆਂ ਕੁਰਬਾਨੀਆਂ ਨੂੰ ਕਦੇ ਭੁਲਾਇਆ ਨਹੀਂ ਜਾ ਸਕਦਾ।
ਸ਼ਹਿਰ ਵਿਖੇ ਅੱਜ ਸਮਾਗਮ ਕਰਵਾਇਆ ਗਿਆ ਜਿਸ ਵਿਚ ਵੱਡੀ ਗਿਣਤੀ ਵਿਚ ਲੋਕਾਂ ਨੇ ਸ਼ਮੂਲੀਅਤ ਕੀਤੀ ਅਤੇ ਸ਼ਹੀਦਾਂ ਨੂੰ ਸ਼ਰਧਾਂਜਲੀ ਭੇਟ ਕੀਤੀ ਗਈ। ਇਸ ਮੌਕੇ ਆਗੂਆਂ ਨੇ ਸੰਬੋਧਨ ਕਰਦਿਆਂ ਕਿਹਾ ਕਿ ਸ਼ਹੀਦਾਂ ਦੀਆਂ ਕੁਰਬਾਨੀਆਂ ਨੂੰ ਕਦੇ ਭੁਲਾਇਆ ਨਹੀਂ ਜਾ ਸਕਦਾ। ਉਨ੍ਹਾਂ ਨੌਜਵਾਨਾਂ ਨੂੰ ਉਨ੍ਹਾਂ ਦੇ ਦਰਸਾਏ ਮਾਰਗ ਤੇ ਚੱਲਣ ਦੀ ਅਪੀਲ ਕੀਤੀ। ਸ਼ਹਿਰ ਵਿਖੇ ਅੱਜ ਸਮਾਗਮ ਕਰਵਾਇਆ ਗਿਆ ਜਿਸ ਵਿਚ ਵੱਡੀ ਗਿਣਤੀ ਵਿਚ ਲੋਕਾਂ ਨੇ ਸ਼ਮੂਲੀਅਤ ਕੀਤੀ ਅਤੇ ਸ਼ਹੀਦਾਂ ਨੂੰ ਸ਼ਰਧਾਂਜਲੀ ਭੇਟ ਕੀਤੀ ਗਈ। ਇਸ ਮੌਕੇ ਆਗੂਆਂ ਨੇ ਸੰਬੋਧਨ ਕਰਦਿਆਂ ਕਿਹਾ ਕਿ ਸ਼ਹੀਦਾਂ ਦੀਆਂ ਕੁਰਬਾਨੀਆਂ ਨੂੰ ਕਦੇ ਭੁਲਾਇਆ ਨਹੀਂ ਜਾ ਸਕਦਾ। ਉਨ੍ਹਾਂ ਨੌਜਵਾਨਾਂ ਨੂੰ ਉਨ੍ਹਾਂ ਦੇ ਦਰਸਾਏ ਮਾਰਗ ਤੇ ਚੱਲਣ ਦੀ ਅਪੀਲ ਕੀਤੀ। ਸ਼ਹਿਰ ਵਿਖੇ ਅੱਜ ਸਮਾਗਮ ਕਰਵਾਇਆ ਗਿਆ ਜਿਸ ਵਿਚ ਵੱਡੀ ਗਿਣਤੀ ਵਿਚ ਲੋਕਾਂ ਨੇ ਸ਼ਮੂਲੀਅਤ ਕੀਤੀ ਅਤੇ ਸ਼ਹੀਦਾਂ ਨੂੰ ਸ਼ਰਧਾਂਜਲੀ ਭੇਟ ਕੀਤੀ ਗਈ। ਇਸ ਮੌਕੇ ਆਗੂਆਂ ਨੇ ਸੰਬੋਧਨ ਕਰਦਿਆਂ ਕਿਹਾ ਕਿ ਸ਼ਹੀਦਾਂ ਦੀਆਂ ਕੁਰਬਾਨੀਆਂ ਨੂੰ ਕਦੇ ਭੁਲਾਇਆ ਨਹੀਂ ਜਾ ਸਕਦਾ।
ਸ਼ਹਿਰ ਵਿਖੇ ਅੱਜ ਸਮਾਗਮ ਕਰਵਾਇਆ ਗਿਆ ਜਿਸ ਵਿਚ ਵੱਡੀ ਗਿਣਤੀ ਵਿਚ ਲੋਕਾਂ ਨੇ ਸ਼ਮੂਲੀਅਤ ਕੀਤੀ ਅਤੇ ਸ਼ਹੀਦਾਂ ਨੂੰ ਸ਼ਰਧਾਂਜਲੀ ਭੇਟ ਕੀਤੀ ਗਈ। ਇਸ ਮੌਕੇ ਆਗੂਆਂ ਨੇ ਸੰਬੋਧਨ ਕਰਦਿਆਂ ਕਿਹਾ ਕਿ ਸ਼ਹੀਦਾਂ ਦੀਆਂ ਕੁਰਬਾਨੀਆਂ ਨੂੰ ਕਦੇ ਭੁਲਾਇਆ ਨਹੀਂ ਜਾ ਸਕਦਾ। ਉਨ੍ਹਾਂ ਨੌਜਵਾਨਾਂ ਨੂੰ ਉਨ੍ਹਾਂ ਦੇ ਦਰਸਾਏ ਮਾਰਗ ਤੇ ਚੱਲਣ ਦੀ ਅਪੀਲ ਕੀਤੀ। ਸ਼ਹਿਰ ਵਿਖੇ ਅੱਜ ਸਮਾਗਮ ਕਰਵਾਇਆ ਗਿਆ ਜਿਸ ਵਿਚ ਵੱਡੀ ਗਿਣਤੀ ਵਿਚ ਲੋਕਾਂ ਨੇ ਸ਼ਮੂਲੀਅਤ ਕੀਤੀ ਅਤੇ ਸ਼ਹੀਦਾਂ ਨੂੰ ਸ਼ਰਧਾਂਜਲੀ ਭੇਟ ਕੀਤੀ ਗਈ। ਇਸ ਮੌਕੇ ਆਗੂਆਂ ਨੇ ਸੰਬੋਧਨ ਕਰਦਿਆਂ ਕਿਹਾ ਕਿ ਸ਼ਹੀਦਾਂ ਦੀਆਂ ਕੁਰਬਾਨੀਆਂ ਨੂੰ ਕਦੇ ਭੁਲਾਇਆ ਨਹੀਂ ਜਾ ਸਕਦਾ। ਉਨ੍ਹਾਂ ਨੌਜਵਾਨਾਂ ਨੂੰ ਉਨ੍ਹਾਂ ਦੇ ਦਰਸਾਏ ਮਾਰਗ ਤੇ ਚੱਲਣ ਦੀ ਅਪੀਲ ਕੀਤੀ। ਸ਼ਹਿਰ ਵਿਖੇ ਅੱਜ ਸਮਾਗਮ ਕਰਵਾਇਆ ਗਿਆ ਜਿਸ ਵਿਚ ਵੱਡੀ ਗਿਣਤੀ ਵਿਚ ਲੋਕਾਂ ਨੇ ਸ਼ਮੂਲੀਅਤ ਕੀਤੀ ਅਤੇ ਸ਼ਹੀਦਾਂ ਨੂੰ ਸ਼ਰਧਾਂਜਲੀ ਭੇਟ ਕੀਤੀ ਗਈ। ਇਸ ਮੌਕੇ ਆਗੂਆਂ ਨੇ ਸੰਬੋਧਨ ਕਰਦਿਆਂ ਕਿਹਾ ਕਿ ਸ਼ਹੀਦਾਂ ਦੀਆਂ ਕੁਰਬਾਨੀਆਂ ਨੂੰ ਕਦੇ ਭੁਲਾਇਆ ਨਹੀਂ ਜਾ ਸਕਦਾ।
ਸ਼ਹਿਰ ਵਿਖੇ ਅੱਜ ਸਮਾਗਮ ਕਰਵਾਇਆ ਗਿਆ ਜਿਸ ਵਿਚ ਵੱਡੀ ਗਿਣਤੀ ਵਿਚ ਲੋਕਾਂ ਨੇ ਸ਼ਮੂਲੀਅਤ ਕੀਤੀ ਅਤੇ ਸ਼ਹੀਦਾਂ ਨੂੰ ਸ਼ਰਧਾਂਜਲੀ ਭੇਟ ਕੀਤੀ ਗਈ। ਇਸ ਮੌਕੇ ਆਗੂਆਂ ਨੇ ਸੰਬੋਧਨ ਕਰਦਿਆਂ ਕਿਹਾ ਕਿ ਸ਼ਹੀਦਾਂ ਦੀਆਂ ਕੁਰਬਾਨੀਆਂ ਨੂੰ ਕਦੇ ਭੁਲਾਇਆ ਨਹੀਂ ਜਾ ਸਕਦਾ। ਉਨ੍ਹਾਂ ਨੌਜਵਾਨਾਂ ਨੂੰ ਉਨ੍ਹਾਂ ਦੇ ਦਰਸਾਏ ਮਾਰਗ ਤੇ ਚੱਲਣ ਦੀ ਅਪੀਲ ਕੀਤੀ। ਸ਼ਹਿਰ ਵਿਖੇ ਅੱਜ ਸਮਾਗਮ ਕਰਵਾਇਆ ਗਿਆ ਜਿਸ ਵਿਚ ਵੱਡੀ ਗਿਣਤੀ ਵਿਚ ਲੋਕਾਂ ਨੇ ਸ਼ਮੂਲੀਅਤ ਕੀਤੀ ਅਤੇ ਸ਼ਹੀਦਾਂ ਨੂੰ ਸ਼ਰਧਾਂਜਲੀ ਭੇਟ ਕੀਤੀ ਗਈ। ਇਸ ਮੌਕੇ ਆਗੂਆਂ ਨੇ ਸੰਬੋਧਨ ਕਰਦਿਆਂ ਕਿਹਾ ਕਿ ਸ਼ਹੀਦਾਂ ਦੀਆਂ ਕੁਰਬਾਨੀਆਂ ਨੂੰ ਕਦੇ ਭੁਲਾਇਆ ਨਹੀਂ ਜਾ ਸਕਦਾ। ਉਨ੍ਹਾਂ ਨੌਜਵਾਨਾਂ ਨੂੰ ਉਨ੍ਹਾਂ ਦੇ ਦਰਸਾਏ ਮਾਰਗ ਤੇ ਚੱਲਣ ਦੀ ਅਪੀਲ ਕੀਤੀ। ਸ਼ਹਿਰ ਵਿਖੇ ਅੱਜ ਸਮਾਗਮ ਕਰਵਾਇਆ ਗਿਆ ਜਿਸ ਵਿਚ ਵੱਡੀ ਗਿਣਤੀ ਵਿਚ ਲੋਕਾਂ ਨੇ ਸ਼ਮੂਲੀਅਤ ਕੀਤੀ ਅਤੇ ਸ਼ਹੀਦਾਂ ਨੂੰ ਸ਼ਰਧਾਂਜਲੀ ਭੇਟ ਕੀਤੀ ਗਈ। ਇਸ ਮੌਕੇ ਆਗੂਆਂ ਨੇ ਸੰਬੋਧਨ ਕਰਦਿਆਂ ਕਿਹਾ ਕਿ ਸ਼ਹੀਦਾਂ ਦੀਆਂ ਕੁਰਬਾਨੀਆਂ ਨੂੰ ਕਦੇ ਭੁਲਾਇਆ ਨਹੀਂ ਜਾ ਸਕਦਾ।
ਭਾਜਪਾ ਵਰਕਰ ਪੁਤਲਾ ਫੂਕਦੇ ਹੋਏ।
ਸ਼ਹੀਦੀ ਦਿਹਾੜੇ ਨੂੰ ਸਮਰਪਿਤ
ਖ਼ੂਨਦਾਨ ਕੈਂਪ ਲਗਾਇਆ
ਸ਼ਹਿਰ ਵਿਖੇ ਅੱਜ ਸਮਾਗਮ ਕਰਵਾਇਆ ਗਿਆ ਜਿਸ ਵਿਚ ਵੱਡੀ ਗਿਣਤੀ ਵਿਚ ਲੋਕਾਂ ਨੇ ਸ਼ਮੂਲੀਅਤ ਕੀਤੀ ਅਤੇ ਸ਼ਹੀਦਾਂ ਨੂੰ ਸ਼ਰਧਾਂਜਲੀ ਭੇਟ ਕੀਤੀ ਗਈ। ਇਸ ਮੌਕੇ ਆਗੂਆਂ ਨੇ ਸੰਬੋਧਨ ਕਰਦਿਆਂ ਕਿਹਾ ਕਿ ਸ਼ਹੀਦਾਂ ਦੀਆਂ ਕੁਰਬਾਨੀਆਂ ਨੂੰ ਕਦੇ ਭੁਲਾਇਆ ਨਹੀਂ ਜਾ ਸਕਦਾ। ਉਨ੍ਹਾਂ ਨੌਜਵਾਨਾਂ ਨੂੰ ਉਨ੍ਹਾਂ ਦੇ ਦਰਸਾਏ ਮਾਰਗ ਤੇ ਚੱਲਣ ਦੀ ਅਪੀਲ ਕੀਤੀ। ਸ਼ਹਿਰ ਵਿਖੇ ਅੱਜ ਸਮਾਗਮ ਕਰਵਾਇਆ ਗਿਆ ਜਿਸ ਵਿਚ ਵੱਡੀ ਗਿਣਤੀ ਵਿਚ ਲੋਕਾਂ ਨੇ ਸ਼ਮੂਲੀਅਤ ਕੀਤੀ ਅਤੇ ਸ਼ਹੀਦਾਂ ਨੂੰ ਸ਼ਰਧਾਂਜਲੀ ਭੇਟ ਕੀਤੀ ਗਈ। ਇਸ ਮੌਕੇ ਆਗੂਆਂ ਨੇ ਸੰਬੋਧਨ ਕਰਦਿਆਂ ਕਿਹਾ ਕਿ ਸ਼ਹੀਦਾਂ ਦੀਆਂ ਕੁਰਬਾਨੀਆਂ ਨੂੰ ਕਦੇ ਭੁਲਾਇਆ ਨਹੀਂ ਜਾ ਸਕਦਾ। ਉਨ੍ਹਾਂ ਨੌਜਵਾਨਾਂ ਨੂੰ ਉਨ੍ਹਾਂ ਦੇ ਦਰਸਾਏ ਮਾਰਗ ਤੇ ਚੱਲਣ ਦੀ ਅਪੀਲ ਕੀਤੀ। ਸ਼ਹਿਰ ਵਿਖੇ ਅੱਜ ਸਮਾਗਮ ਕਰਵਾਇਆ ਗਿਆ ਜਿਸ ਵਿਚ ਵੱਡੀ ਗਿਣਤੀ ਵਿਚ ਲੋਕਾਂ ਨੇ ਸ਼ਮੂਲੀਅਤ ਕੀਤੀ ਅਤੇ ਸ਼ਹੀਦਾਂ ਨੂੰ ਸ਼ਰਧਾਂਜਲੀ ਭੇਟ ਕੀਤੀ ਗਈ। ਇਸ ਮੌਕੇ ਆਗੂਆਂ ਨੇ ਸੰਬੋਧਨ ਕਰਦਿਆਂ ਕਿਹਾ ਕਿ ਸ਼ਹੀਦਾਂ ਦੀਆਂ ਕੁਰਬਾਨੀਆਂ ਨੂੰ ਕਦੇ ਭੁਲਾਇਆ ਨਹੀਂ ਜਾ ਸਕਦਾ।
ਸ਼ਹਿਰ ਵਿਖੇ ਅੱਜ ਸਮਾਗਮ ਕਰਵਾਇਆ ਗਿਆ ਜਿਸ ਵਿਚ ਵੱਡੀ ਗਿਣਤੀ ਵਿਚ ਲੋਕਾਂ ਨੇ ਸ਼ਮੂਲੀਅਤ ਕੀਤੀ ਅਤੇ ਸ਼ਹੀਦਾਂ ਨੂੰ ਸ਼ਰਧਾਂਜਲੀ ਭੇਟ ਕੀਤੀ ਗਈ। ਇਸ ਮੌਕੇ ਆਗੂਆਂ ਨੇ ਸੰਬੋਧਨ ਕਰਦਿਆਂ ਕਿਹਾ ਕਿ ਸ਼ਹੀਦਾਂ ਦੀਆਂ ਕੁਰਬਾਨੀਆਂ ਨੂੰ ਕਦੇ ਭੁਲਾਇਆ ਨਹੀਂ ਜਾ ਸਕਦਾ। ਉਨ੍ਹਾਂ ਨੌਜਵਾਨਾਂ ਨੂੰ ਉਨ੍ਹਾਂ ਦੇ ਦਰਸਾਏ ਮਾਰਗ ਤੇ ਚੱਲਣ ਦੀ ਅਪੀਲ ਕੀਤੀ। ਸ਼ਹਿਰ ਵਿਖੇ ਅੱਜ ਸਮਾਗਮ ਕਰਵਾਇਆ ਗਿਆ ਜਿਸ ਵਿਚ ਵੱਡੀ ਗਿਣਤੀ ਵਿਚ ਲੋਕਾਂ ਨੇ ਸ਼ਮੂਲੀਅਤ ਕੀਤੀ ਅਤੇ ਸ਼ਹੀਦਾਂ ਨੂੰ ਸ਼ਰਧਾਂਜਲੀ ਭੇਟ ਕੀਤੀ ਗਈ। ਇਸ ਮੌਕੇ ਆਗੂਆਂ ਨੇ ਸੰਬੋਧਨ ਕਰਦਿਆਂ ਕਿਹਾ ਕਿ ਸ਼ਹੀਦਾਂ ਦੀਆਂ ਕੁਰਬਾਨੀਆਂ ਨੂੰ ਕਦੇ ਭੁਲਾਇਆ ਨਹੀਂ ਜਾ ਸਕਦਾ। ਉਨ੍ਹਾਂ ਨੌਜਵਾਨਾਂ ਨੂੰ ਉਨ੍ਹਾਂ ਦੇ ਦਰਸਾਏ ਮਾਰਗ ਤੇ ਚੱਲਣ ਦੀ ਅਪੀਲ ਕੀਤੀ। ਸ਼ਹਿਰ ਵਿਖੇ ਅੱਜ ਸਮਾਗਮ ਕਰਵਾਇਆ ਗਿਆ ਜਿਸ ਵਿਚ ਵੱਡੀ ਗਿਣਤੀ ਵਿਚ ਲੋਕਾਂ ਨੇ ਸ਼ਮੂਲੀਅਤ ਕੀਤੀ ਅਤੇ ਸ਼ਹੀਦਾਂ ਨੂੰ ਸ਼ਰਧਾਂਜਲੀ ਭੇਟ ਕੀਤੀ ਗਈ। ਇਸ ਮੌਕੇ ਆਗੂਆਂ ਨੇ ਸੰਬੋਧਨ ਕਰਦਿਆਂ ਕਿਹਾ ਕਿ ਸ਼ਹੀਦਾਂ ਦੀਆਂ ਕੁਰਬਾਨੀਆਂ ਨੂੰ ਕਦੇ ਭੁਲਾਇਆ ਨਹੀਂ ਜਾ ਸਕਦਾ।
Ajit Jalandhar
